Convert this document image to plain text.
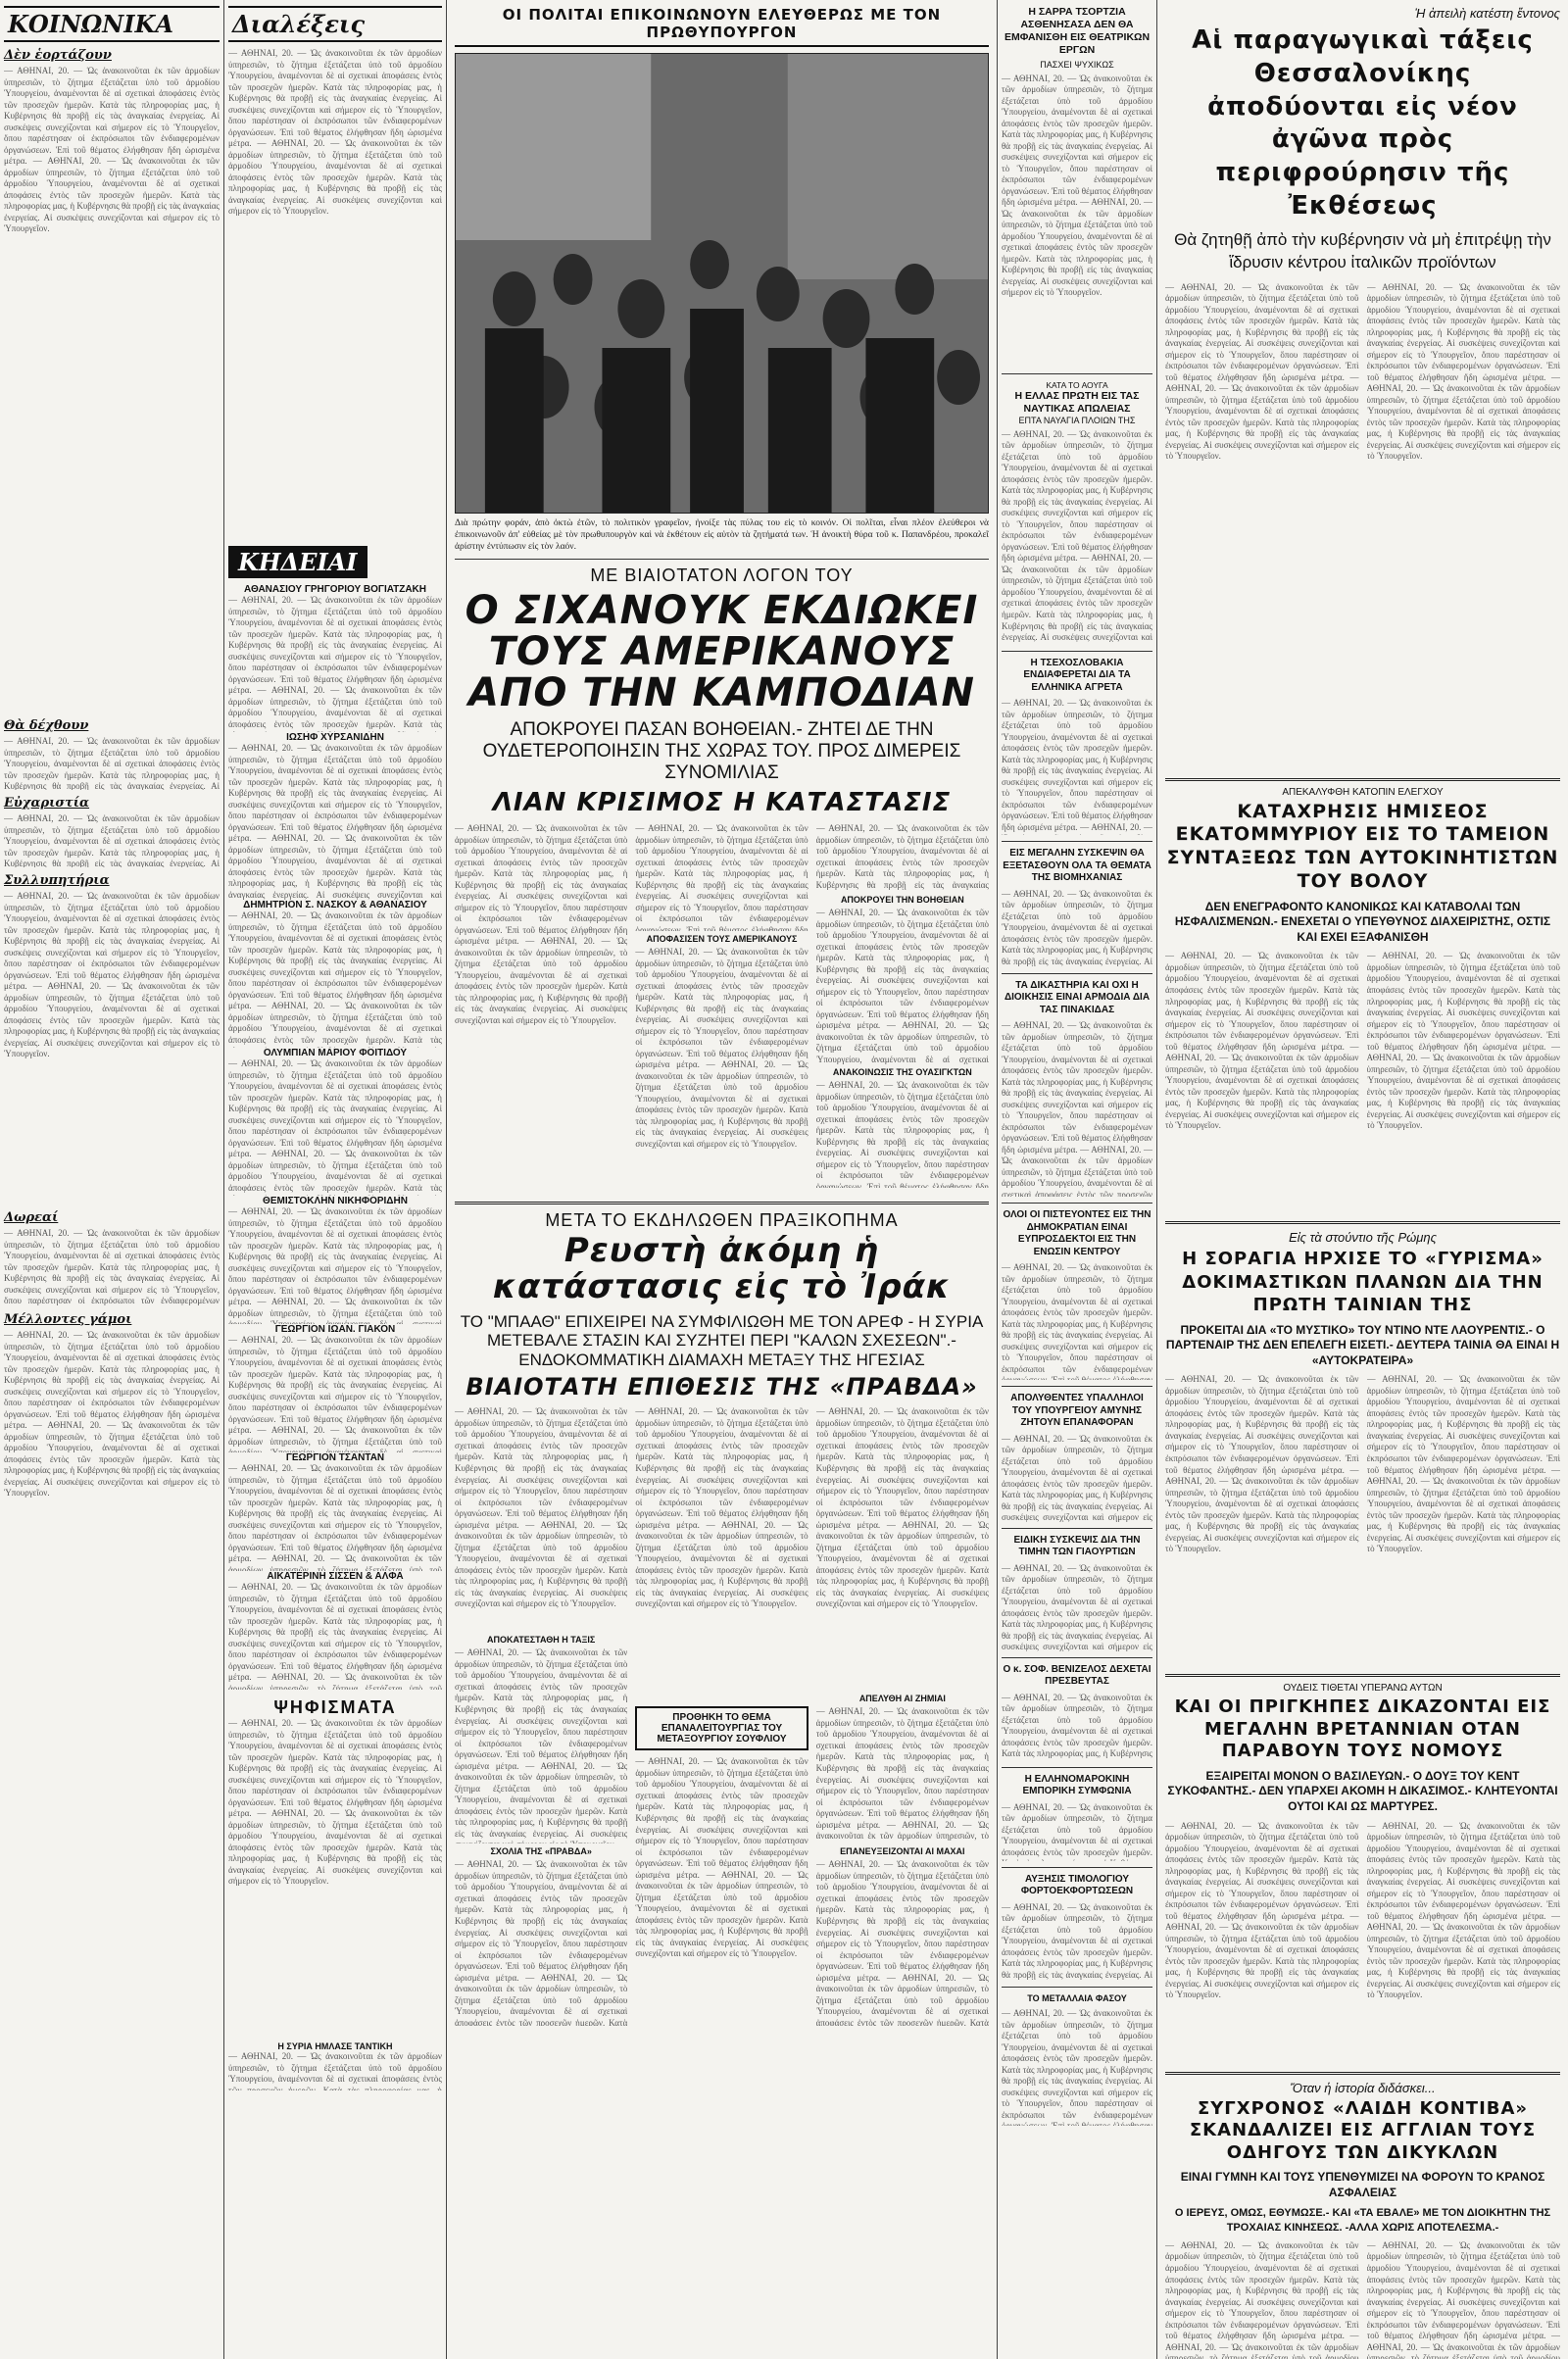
ΚΟΙΝΩΝΙΚΑ
Δὲν ἑορτάζουν
— ΑΘΗΝΑΙ, 20. — Ὡς ἀνακοινοῦται ἐκ τῶν ἁρμοδίων ὑπηρεσιῶν, τὸ ζήτημα ἐξετάζεται ὑπὸ τοῦ ἁρμοδίου Ὑπουργείου, ἀναμένονται δὲ αἱ σχετικαὶ ἀποφάσεις ἐντὸς τῶν προσεχῶν ἡμερῶν. Κατὰ τὰς πληροφορίας μας, ἡ Κυβέρνησις θὰ προβῇ εἰς τὰς ἀναγκαίας ἐνεργείας. Αἱ συσκέψεις συνεχίζονται καὶ σήμερον εἰς τὸ Ὑπουργεῖον, ὅπου παρέστησαν οἱ ἐκπρόσωποι τῶν ἐνδιαφερομένων ὀργανώσεων. Ἐπὶ τοῦ θέματος ἐλήφθησαν ἤδη ὡρισμένα μέτρα. — ΑΘΗΝΑΙ, 20. — Ὡς ἀνακοινοῦται ἐκ τῶν ἁρμοδίων ὑπηρεσιῶν, τὸ ζήτημα ἐξετάζεται ὑπὸ τοῦ ἁρμοδίου Ὑπουργείου, ἀναμένονται δὲ αἱ σχετικαὶ ἀποφάσεις ἐντὸς τῶν προσεχῶν ἡμερῶν. Κατὰ τὰς πληροφορίας μας, ἡ Κυβέρνησις θὰ προβῇ εἰς τὰς ἀναγκαίας ἐνεργείας. Αἱ συσκέψεις συνεχίζονται καὶ σήμερον εἰς τὸ Ὑπουργεῖον.
Θὰ δέχθουν
— ΑΘΗΝΑΙ, 20. — Ὡς ἀνακοινοῦται ἐκ τῶν ἁρμοδίων ὑπηρεσιῶν, τὸ ζήτημα ἐξετάζεται ὑπὸ τοῦ ἁρμοδίου Ὑπουργείου, ἀναμένονται δὲ αἱ σχετικαὶ ἀποφάσεις ἐντὸς τῶν προσεχῶν ἡμερῶν. Κατὰ τὰς πληροφορίας μας, ἡ Κυβέρνησις θὰ προβῇ εἰς τὰς ἀναγκαίας ἐνεργείας. Αἱ συσκέψεις συνεχίζονται καὶ σήμερον εἰς τὸ Ὑπουργεῖον, ὅπου παρέστησαν οἱ ἐκπρόσωποι τῶν ἐνδιαφερομένων ὀργανώσεων. Ἐπὶ τοῦ θέματος ἐλήφθησαν ἤδη ὡρισμένα μέτρα. — ΑΘΗΝΑΙ, 20. — Ὡς ἀνακοινοῦται ἐκ τῶν ἁρμοδίων ὑπηρεσιῶν, τὸ ζήτημα ἐξετάζεται ὑπὸ τοῦ ἁρμοδίου Ὑπουργείου, ἀναμένονται δὲ αἱ σχετικαὶ ἀποφάσεις ἐντὸς τῶν προσεχῶν ἡμερῶν. Κατὰ τὰς πληροφορίας μας, ἡ Κυβέρνησις θὰ προβῇ εἰς τὰς ἀναγκαίας ἐνεργείας. Αἱ συσκέψεις συνεχίζονται καὶ σήμερον εἰς τὸ Ὑπουργεῖον.
Εὐχαριστία
— ΑΘΗΝΑΙ, 20. — Ὡς ἀνακοινοῦται ἐκ τῶν ἁρμοδίων ὑπηρεσιῶν, τὸ ζήτημα ἐξετάζεται ὑπὸ τοῦ ἁρμοδίου Ὑπουργείου, ἀναμένονται δὲ αἱ σχετικαὶ ἀποφάσεις ἐντὸς τῶν προσεχῶν ἡμερῶν. Κατὰ τὰς πληροφορίας μας, ἡ Κυβέρνησις θὰ προβῇ εἰς τὰς ἀναγκαίας ἐνεργείας. Αἱ συσκέψεις συνεχίζονται καὶ σήμερον εἰς τὸ Ὑπουργεῖον, ὅπου παρέστησαν οἱ ἐκπρόσωποι τῶν ἐνδιαφερομένων ὀργανώσεων. Ἐπὶ τοῦ θέματος ἐλήφθησαν ἤδη ὡρισμένα μέτρα. — ΑΘΗΝΑΙ, 20. — Ὡς ἀνακοινοῦται ἐκ τῶν ἁρμοδίων ὑπηρεσιῶν, τὸ ζήτημα ἐξετάζεται ὑπὸ τοῦ ἁρμοδίου Ὑπουργείου, ἀναμένονται δὲ αἱ σχετικαὶ ἀποφάσεις ἐντὸς τῶν προσεχῶν ἡμερῶν. Κατὰ τὰς πληροφορίας μας, ἡ Κυβέρνησις θὰ προβῇ εἰς τὰς ἀναγκαίας ἐνεργείας. Αἱ συσκέψεις συνεχίζονται καὶ σήμερον εἰς τὸ Ὑπουργεῖον.
Συλλυπητήρια
— ΑΘΗΝΑΙ, 20. — Ὡς ἀνακοινοῦται ἐκ τῶν ἁρμοδίων ὑπηρεσιῶν, τὸ ζήτημα ἐξετάζεται ὑπὸ τοῦ ἁρμοδίου Ὑπουργείου, ἀναμένονται δὲ αἱ σχετικαὶ ἀποφάσεις ἐντὸς τῶν προσεχῶν ἡμερῶν. Κατὰ τὰς πληροφορίας μας, ἡ Κυβέρνησις θὰ προβῇ εἰς τὰς ἀναγκαίας ἐνεργείας. Αἱ συσκέψεις συνεχίζονται καὶ σήμερον εἰς τὸ Ὑπουργεῖον, ὅπου παρέστησαν οἱ ἐκπρόσωποι τῶν ἐνδιαφερομένων ὀργανώσεων. Ἐπὶ τοῦ θέματος ἐλήφθησαν ἤδη ὡρισμένα μέτρα. — ΑΘΗΝΑΙ, 20. — Ὡς ἀνακοινοῦται ἐκ τῶν ἁρμοδίων ὑπηρεσιῶν, τὸ ζήτημα ἐξετάζεται ὑπὸ τοῦ ἁρμοδίου Ὑπουργείου, ἀναμένονται δὲ αἱ σχετικαὶ ἀποφάσεις ἐντὸς τῶν προσεχῶν ἡμερῶν. Κατὰ τὰς πληροφορίας μας, ἡ Κυβέρνησις θὰ προβῇ εἰς τὰς ἀναγκαίας ἐνεργείας. Αἱ συσκέψεις συνεχίζονται καὶ σήμερον εἰς τὸ Ὑπουργεῖον.
Δωρεαί
— ΑΘΗΝΑΙ, 20. — Ὡς ἀνακοινοῦται ἐκ τῶν ἁρμοδίων ὑπηρεσιῶν, τὸ ζήτημα ἐξετάζεται ὑπὸ τοῦ ἁρμοδίου Ὑπουργείου, ἀναμένονται δὲ αἱ σχετικαὶ ἀποφάσεις ἐντὸς τῶν προσεχῶν ἡμερῶν. Κατὰ τὰς πληροφορίας μας, ἡ Κυβέρνησις θὰ προβῇ εἰς τὰς ἀναγκαίας ἐνεργείας. Αἱ συσκέψεις συνεχίζονται καὶ σήμερον εἰς τὸ Ὑπουργεῖον, ὅπου παρέστησαν οἱ ἐκπρόσωποι τῶν ἐνδιαφερομένων ὀργανώσεων. Ἐπὶ τοῦ θέματος ἐλήφθησαν ἤδη ὡρισμένα μέτρα. — ΑΘΗΝΑΙ, 20. — Ὡς ἀνακοινοῦται ἐκ τῶν ἁρμοδίων ὑπηρεσιῶν, τὸ ζήτημα ἐξετάζεται ὑπὸ τοῦ ἁρμοδίου Ὑπουργείου, ἀναμένονται δὲ αἱ σχετικαὶ ἀποφάσεις ἐντὸς τῶν προσεχῶν ἡμερῶν. Κατὰ τὰς πληροφορίας μας, ἡ Κυβέρνησις θὰ προβῇ εἰς τὰς ἀναγκαίας ἐνεργείας. Αἱ συσκέψεις συνεχίζονται καὶ σήμερον εἰς τὸ Ὑπουργεῖον.
Μέλλοντες γάμοι
— ΑΘΗΝΑΙ, 20. — Ὡς ἀνακοινοῦται ἐκ τῶν ἁρμοδίων ὑπηρεσιῶν, τὸ ζήτημα ἐξετάζεται ὑπὸ τοῦ ἁρμοδίου Ὑπουργείου, ἀναμένονται δὲ αἱ σχετικαὶ ἀποφάσεις ἐντὸς τῶν προσεχῶν ἡμερῶν. Κατὰ τὰς πληροφορίας μας, ἡ Κυβέρνησις θὰ προβῇ εἰς τὰς ἀναγκαίας ἐνεργείας. Αἱ συσκέψεις συνεχίζονται καὶ σήμερον εἰς τὸ Ὑπουργεῖον, ὅπου παρέστησαν οἱ ἐκπρόσωποι τῶν ἐνδιαφερομένων ὀργανώσεων. Ἐπὶ τοῦ θέματος ἐλήφθησαν ἤδη ὡρισμένα μέτρα. — ΑΘΗΝΑΙ, 20. — Ὡς ἀνακοινοῦται ἐκ τῶν ἁρμοδίων ὑπηρεσιῶν, τὸ ζήτημα ἐξετάζεται ὑπὸ τοῦ ἁρμοδίου Ὑπουργείου, ἀναμένονται δὲ αἱ σχετικαὶ ἀποφάσεις ἐντὸς τῶν προσεχῶν ἡμερῶν. Κατὰ τὰς πληροφορίας μας, ἡ Κυβέρνησις θὰ προβῇ εἰς τὰς ἀναγκαίας ἐνεργείας. Αἱ συσκέψεις συνεχίζονται καὶ σήμερον εἰς τὸ Ὑπουργεῖον.
Διαλέξεις
— ΑΘΗΝΑΙ, 20. — Ὡς ἀνακοινοῦται ἐκ τῶν ἁρμοδίων ὑπηρεσιῶν, τὸ ζήτημα ἐξετάζεται ὑπὸ τοῦ ἁρμοδίου Ὑπουργείου, ἀναμένονται δὲ αἱ σχετικαὶ ἀποφάσεις ἐντὸς τῶν προσεχῶν ἡμερῶν. Κατὰ τὰς πληροφορίας μας, ἡ Κυβέρνησις θὰ προβῇ εἰς τὰς ἀναγκαίας ἐνεργείας. Αἱ συσκέψεις συνεχίζονται καὶ σήμερον εἰς τὸ Ὑπουργεῖον, ὅπου παρέστησαν οἱ ἐκπρόσωποι τῶν ἐνδιαφερομένων ὀργανώσεων. Ἐπὶ τοῦ θέματος ἐλήφθησαν ἤδη ὡρισμένα μέτρα. — ΑΘΗΝΑΙ, 20. — Ὡς ἀνακοινοῦται ἐκ τῶν ἁρμοδίων ὑπηρεσιῶν, τὸ ζήτημα ἐξετάζεται ὑπὸ τοῦ ἁρμοδίου Ὑπουργείου, ἀναμένονται δὲ αἱ σχετικαὶ ἀποφάσεις ἐντὸς τῶν προσεχῶν ἡμερῶν. Κατὰ τὰς πληροφορίας μας, ἡ Κυβέρνησις θὰ προβῇ εἰς τὰς ἀναγκαίας ἐνεργείας. Αἱ συσκέψεις συνεχίζονται καὶ σήμερον εἰς τὸ Ὑπουργεῖον.
ΚΗΔΕΙΑΙ

ΑΘΑΝΑΣΙΟΥ ΓΡΗΓΟΡΙΟΥ ΒΟΓΙΑΤΖΑΚΗ

— ΑΘΗΝΑΙ, 20. — Ὡς ἀνακοινοῦται ἐκ τῶν ἁρμοδίων ὑπηρεσιῶν, τὸ ζήτημα ἐξετάζεται ὑπὸ τοῦ ἁρμοδίου Ὑπουργείου, ἀναμένονται δὲ αἱ σχετικαὶ ἀποφάσεις ἐντὸς τῶν προσεχῶν ἡμερῶν. Κατὰ τὰς πληροφορίας μας, ἡ Κυβέρνησις θὰ προβῇ εἰς τὰς ἀναγκαίας ἐνεργείας. Αἱ συσκέψεις συνεχίζονται καὶ σήμερον εἰς τὸ Ὑπουργεῖον, ὅπου παρέστησαν οἱ ἐκπρόσωποι τῶν ἐνδιαφερομένων ὀργανώσεων. Ἐπὶ τοῦ θέματος ἐλήφθησαν ἤδη ὡρισμένα μέτρα. — ΑΘΗΝΑΙ, 20. — Ὡς ἀνακοινοῦται ἐκ τῶν ἁρμοδίων ὑπηρεσιῶν, τὸ ζήτημα ἐξετάζεται ὑπὸ τοῦ ἁρμοδίου Ὑπουργείου, ἀναμένονται δὲ αἱ σχετικαὶ ἀποφάσεις ἐντὸς τῶν προσεχῶν ἡμερῶν. Κατὰ τὰς πληροφορίας μας, ἡ Κυβέρνησις θὰ προβῇ εἰς τὰς ἀναγκαίας ἐνεργείας. Αἱ συσκέψεις συνεχίζονται καὶ σήμερον εἰς τὸ Ὑπουργεῖον.

ΙΩΣΗΦ ΧΥΡΣΑΝΙΔΗΝ

— ΑΘΗΝΑΙ, 20. — Ὡς ἀνακοινοῦται ἐκ τῶν ἁρμοδίων ὑπηρεσιῶν, τὸ ζήτημα ἐξετάζεται ὑπὸ τοῦ ἁρμοδίου Ὑπουργείου, ἀναμένονται δὲ αἱ σχετικαὶ ἀποφάσεις ἐντὸς τῶν προσεχῶν ἡμερῶν. Κατὰ τὰς πληροφορίας μας, ἡ Κυβέρνησις θὰ προβῇ εἰς τὰς ἀναγκαίας ἐνεργείας. Αἱ συσκέψεις συνεχίζονται καὶ σήμερον εἰς τὸ Ὑπουργεῖον, ὅπου παρέστησαν οἱ ἐκπρόσωποι τῶν ἐνδιαφερομένων ὀργανώσεων. Ἐπὶ τοῦ θέματος ἐλήφθησαν ἤδη ὡρισμένα μέτρα. — ΑΘΗΝΑΙ, 20. — Ὡς ἀνακοινοῦται ἐκ τῶν ἁρμοδίων ὑπηρεσιῶν, τὸ ζήτημα ἐξετάζεται ὑπὸ τοῦ ἁρμοδίου Ὑπουργείου, ἀναμένονται δὲ αἱ σχετικαὶ ἀποφάσεις ἐντὸς τῶν προσεχῶν ἡμερῶν. Κατὰ τὰς πληροφορίας μας, ἡ Κυβέρνησις θὰ προβῇ εἰς τὰς ἀναγκαίας ἐνεργείας. Αἱ συσκέψεις συνεχίζονται καὶ σήμερον εἰς τὸ Ὑπουργεῖον.

ΔΗΜΗΤΡΙΟΝ Σ. ΝΑΣΚΟΥ & ΑΘΑΝΑΣΙΟΥ

— ΑΘΗΝΑΙ, 20. — Ὡς ἀνακοινοῦται ἐκ τῶν ἁρμοδίων ὑπηρεσιῶν, τὸ ζήτημα ἐξετάζεται ὑπὸ τοῦ ἁρμοδίου Ὑπουργείου, ἀναμένονται δὲ αἱ σχετικαὶ ἀποφάσεις ἐντὸς τῶν προσεχῶν ἡμερῶν. Κατὰ τὰς πληροφορίας μας, ἡ Κυβέρνησις θὰ προβῇ εἰς τὰς ἀναγκαίας ἐνεργείας. Αἱ συσκέψεις συνεχίζονται καὶ σήμερον εἰς τὸ Ὑπουργεῖον, ὅπου παρέστησαν οἱ ἐκπρόσωποι τῶν ἐνδιαφερομένων ὀργανώσεων. Ἐπὶ τοῦ θέματος ἐλήφθησαν ἤδη ὡρισμένα μέτρα. — ΑΘΗΝΑΙ, 20. — Ὡς ἀνακοινοῦται ἐκ τῶν ἁρμοδίων ὑπηρεσιῶν, τὸ ζήτημα ἐξετάζεται ὑπὸ τοῦ ἁρμοδίου Ὑπουργείου, ἀναμένονται δὲ αἱ σχετικαὶ ἀποφάσεις ἐντὸς τῶν προσεχῶν ἡμερῶν. Κατὰ τὰς πληροφορίας μας, ἡ Κυβέρνησις θὰ προβῇ εἰς τὰς ἀναγκαίας ἐνεργείας. Αἱ συσκέψεις συνεχίζονται καὶ σήμερον εἰς τὸ Ὑπουργεῖον.

ΟΛΥΜΠΙΑΝ ΜΑΡΙΟΥ ΦΟΙΤΙΔΟΥ

— ΑΘΗΝΑΙ, 20. — Ὡς ἀνακοινοῦται ἐκ τῶν ἁρμοδίων ὑπηρεσιῶν, τὸ ζήτημα ἐξετάζεται ὑπὸ τοῦ ἁρμοδίου Ὑπουργείου, ἀναμένονται δὲ αἱ σχετικαὶ ἀποφάσεις ἐντὸς τῶν προσεχῶν ἡμερῶν. Κατὰ τὰς πληροφορίας μας, ἡ Κυβέρνησις θὰ προβῇ εἰς τὰς ἀναγκαίας ἐνεργείας. Αἱ συσκέψεις συνεχίζονται καὶ σήμερον εἰς τὸ Ὑπουργεῖον, ὅπου παρέστησαν οἱ ἐκπρόσωποι τῶν ἐνδιαφερομένων ὀργανώσεων. Ἐπὶ τοῦ θέματος ἐλήφθησαν ἤδη ὡρισμένα μέτρα. — ΑΘΗΝΑΙ, 20. — Ὡς ἀνακοινοῦται ἐκ τῶν ἁρμοδίων ὑπηρεσιῶν, τὸ ζήτημα ἐξετάζεται ὑπὸ τοῦ ἁρμοδίου Ὑπουργείου, ἀναμένονται δὲ αἱ σχετικαὶ ἀποφάσεις ἐντὸς τῶν προσεχῶν ἡμερῶν. Κατὰ τὰς πληροφορίας μας, ἡ Κυβέρνησις θὰ προβῇ εἰς τὰς ἀναγκαίας ἐνεργείας. Αἱ συσκέψεις συνεχίζονται καὶ σήμερον εἰς τὸ Ὑπουργεῖον.

ΘΕΜΙΣΤΟΚΛΗΝ ΝΙΚΗΦΟΡΙΔΗΝ

— ΑΘΗΝΑΙ, 20. — Ὡς ἀνακοινοῦται ἐκ τῶν ἁρμοδίων ὑπηρεσιῶν, τὸ ζήτημα ἐξετάζεται ὑπὸ τοῦ ἁρμοδίου Ὑπουργείου, ἀναμένονται δὲ αἱ σχετικαὶ ἀποφάσεις ἐντὸς τῶν προσεχῶν ἡμερῶν. Κατὰ τὰς πληροφορίας μας, ἡ Κυβέρνησις θὰ προβῇ εἰς τὰς ἀναγκαίας ἐνεργείας. Αἱ συσκέψεις συνεχίζονται καὶ σήμερον εἰς τὸ Ὑπουργεῖον, ὅπου παρέστησαν οἱ ἐκπρόσωποι τῶν ἐνδιαφερομένων ὀργανώσεων. Ἐπὶ τοῦ θέματος ἐλήφθησαν ἤδη ὡρισμένα μέτρα. — ΑΘΗΝΑΙ, 20. — Ὡς ἀνακοινοῦται ἐκ τῶν ἁρμοδίων ὑπηρεσιῶν, τὸ ζήτημα ἐξετάζεται ὑπὸ τοῦ ἁρμοδίου Ὑπουργείου, ἀναμένονται δὲ αἱ σχετικαὶ ἀποφάσεις ἐντὸς τῶν προσεχῶν ἡμερῶν. Κατὰ τὰς πληροφορίας μας, ἡ Κυβέρνησις θὰ προβῇ εἰς τὰς ἀναγκαίας ἐνεργείας. Αἱ συσκέψεις συνεχίζονται καὶ σήμερον εἰς τὸ Ὑπουργεῖον.

ΓΕΩΡΓΙΟΝ ΙΩΑΝ. ΓΙΑΚΟΝ

— ΑΘΗΝΑΙ, 20. — Ὡς ἀνακοινοῦται ἐκ τῶν ἁρμοδίων ὑπηρεσιῶν, τὸ ζήτημα ἐξετάζεται ὑπὸ τοῦ ἁρμοδίου Ὑπουργείου, ἀναμένονται δὲ αἱ σχετικαὶ ἀποφάσεις ἐντὸς τῶν προσεχῶν ἡμερῶν. Κατὰ τὰς πληροφορίας μας, ἡ Κυβέρνησις θὰ προβῇ εἰς τὰς ἀναγκαίας ἐνεργείας. Αἱ συσκέψεις συνεχίζονται καὶ σήμερον εἰς τὸ Ὑπουργεῖον, ὅπου παρέστησαν οἱ ἐκπρόσωποι τῶν ἐνδιαφερομένων ὀργανώσεων. Ἐπὶ τοῦ θέματος ἐλήφθησαν ἤδη ὡρισμένα μέτρα. — ΑΘΗΝΑΙ, 20. — Ὡς ἀνακοινοῦται ἐκ τῶν ἁρμοδίων ὑπηρεσιῶν, τὸ ζήτημα ἐξετάζεται ὑπὸ τοῦ ἁρμοδίου Ὑπουργείου, ἀναμένονται δὲ αἱ σχετικαὶ ἀποφάσεις ἐντὸς τῶν προσεχῶν ἡμερῶν. Κατὰ τὰς πληροφορίας μας, ἡ Κυβέρνησις θὰ προβῇ εἰς τὰς ἀναγκαίας ἐνεργείας. Αἱ συσκέψεις συνεχίζονται καὶ σήμερον εἰς τὸ Ὑπουργεῖον.

ΓΕΩΡΓΙΟΝ ΤΣΑΝΤΑΝ

— ΑΘΗΝΑΙ, 20. — Ὡς ἀνακοινοῦται ἐκ τῶν ἁρμοδίων ὑπηρεσιῶν, τὸ ζήτημα ἐξετάζεται ὑπὸ τοῦ ἁρμοδίου Ὑπουργείου, ἀναμένονται δὲ αἱ σχετικαὶ ἀποφάσεις ἐντὸς τῶν προσεχῶν ἡμερῶν. Κατὰ τὰς πληροφορίας μας, ἡ Κυβέρνησις θὰ προβῇ εἰς τὰς ἀναγκαίας ἐνεργείας. Αἱ συσκέψεις συνεχίζονται καὶ σήμερον εἰς τὸ Ὑπουργεῖον, ὅπου παρέστησαν οἱ ἐκπρόσωποι τῶν ἐνδιαφερομένων ὀργανώσεων. Ἐπὶ τοῦ θέματος ἐλήφθησαν ἤδη ὡρισμένα μέτρα. — ΑΘΗΝΑΙ, 20. — Ὡς ἀνακοινοῦται ἐκ τῶν ἁρμοδίων ὑπηρεσιῶν, τὸ ζήτημα ἐξετάζεται ὑπὸ τοῦ ἁρμοδίου Ὑπουργείου, ἀναμένονται δὲ αἱ σχετικαὶ ἀποφάσεις ἐντὸς τῶν προσεχῶν ἡμερῶν. Κατὰ τὰς πληροφορίας μας, ἡ Κυβέρνησις θὰ προβῇ εἰς τὰς ἀναγκαίας ἐνεργείας. Αἱ συσκέψεις συνεχίζονται καὶ σήμερον εἰς τὸ Ὑπουργεῖον.

ΑΙΚΑΤΕΡΙΝΗ ΣΙΣΣΕΝ & ΑΛΦΑ

— ΑΘΗΝΑΙ, 20. — Ὡς ἀνακοινοῦται ἐκ τῶν ἁρμοδίων ὑπηρεσιῶν, τὸ ζήτημα ἐξετάζεται ὑπὸ τοῦ ἁρμοδίου Ὑπουργείου, ἀναμένονται δὲ αἱ σχετικαὶ ἀποφάσεις ἐντὸς τῶν προσεχῶν ἡμερῶν. Κατὰ τὰς πληροφορίας μας, ἡ Κυβέρνησις θὰ προβῇ εἰς τὰς ἀναγκαίας ἐνεργείας. Αἱ συσκέψεις συνεχίζονται καὶ σήμερον εἰς τὸ Ὑπουργεῖον, ὅπου παρέστησαν οἱ ἐκπρόσωποι τῶν ἐνδιαφερομένων ὀργανώσεων. Ἐπὶ τοῦ θέματος ἐλήφθησαν ἤδη ὡρισμένα μέτρα. — ΑΘΗΝΑΙ, 20. — Ὡς ἀνακοινοῦται ἐκ τῶν ἁρμοδίων ὑπηρεσιῶν, τὸ ζήτημα ἐξετάζεται ὑπὸ τοῦ ἁρμοδίου Ὑπουργείου, ἀναμένονται δὲ αἱ σχετικαὶ ἀποφάσεις ἐντὸς τῶν προσεχῶν ἡμερῶν. Κατὰ τὰς πληροφορίας μας, ἡ Κυβέρνησις θὰ προβῇ εἰς τὰς ἀναγκαίας ἐνεργείας. Αἱ συσκέψεις συνεχίζονται καὶ σήμερον εἰς τὸ Ὑπουργεῖον.

ΨΗΦΙΣΜΑΤΑ

— ΑΘΗΝΑΙ, 20. — Ὡς ἀνακοινοῦται ἐκ τῶν ἁρμοδίων ὑπηρεσιῶν, τὸ ζήτημα ἐξετάζεται ὑπὸ τοῦ ἁρμοδίου Ὑπουργείου, ἀναμένονται δὲ αἱ σχετικαὶ ἀποφάσεις ἐντὸς τῶν προσεχῶν ἡμερῶν. Κατὰ τὰς πληροφορίας μας, ἡ Κυβέρνησις θὰ προβῇ εἰς τὰς ἀναγκαίας ἐνεργείας. Αἱ συσκέψεις συνεχίζονται καὶ σήμερον εἰς τὸ Ὑπουργεῖον, ὅπου παρέστησαν οἱ ἐκπρόσωποι τῶν ἐνδιαφερομένων ὀργανώσεων. Ἐπὶ τοῦ θέματος ἐλήφθησαν ἤδη ὡρισμένα μέτρα. — ΑΘΗΝΑΙ, 20. — Ὡς ἀνακοινοῦται ἐκ τῶν ἁρμοδίων ὑπηρεσιῶν, τὸ ζήτημα ἐξετάζεται ὑπὸ τοῦ ἁρμοδίου Ὑπουργείου, ἀναμένονται δὲ αἱ σχετικαὶ ἀποφάσεις ἐντὸς τῶν προσεχῶν ἡμερῶν. Κατὰ τὰς πληροφορίας μας, ἡ Κυβέρνησις θὰ προβῇ εἰς τὰς ἀναγκαίας ἐνεργείας. Αἱ συσκέψεις συνεχίζονται καὶ σήμερον εἰς τὸ Ὑπουργεῖον.

Η ΣΥΡΙΑ ΗΜΛΑΣΕ ΤΑΝΤΙΚΗ

— ΑΘΗΝΑΙ, 20. — Ὡς ἀνακοινοῦται ἐκ τῶν ἁρμοδίων ὑπηρεσιῶν, τὸ ζήτημα ἐξετάζεται ὑπὸ τοῦ ἁρμοδίου Ὑπουργείου, ἀναμένονται δὲ αἱ σχετικαὶ ἀποφάσεις ἐντὸς τῶν προσεχῶν ἡμερῶν. Κατὰ τὰς πληροφορίας μας, ἡ Κυβέρνησις θὰ προβῇ εἰς τὰς ἀναγκαίας ἐνεργείας. Αἱ συσκέψεις συνεχίζονται καὶ σήμερον εἰς τὸ Ὑπουργεῖον, ὅπου παρέστησαν οἱ ἐκπρόσωποι τῶν ἐνδιαφερομένων ὀργανώσεων. Ἐπὶ τοῦ θέματος ἐλήφθησαν ἤδη ὡρισμένα μέτρα. — ΑΘΗΝΑΙ, 20. — Ὡς ἀνακοινοῦται ἐκ τῶν ἁρμοδίων ὑπηρεσιῶν, τὸ ζήτημα ἐξετάζεται ὑπὸ τοῦ ἁρμοδίου Ὑπουργείου, ἀναμένονται δὲ αἱ σχετικαὶ ἀποφάσεις ἐντὸς τῶν προσεχῶν ἡμερῶν. Κατὰ τὰς πληροφορίας μας, ἡ Κυβέρνησις θὰ προβῇ εἰς τὰς ἀναγκαίας ἐνεργείας. Αἱ συσκέψεις συνεχίζονται καὶ σήμερον εἰς τὸ Ὑπουργεῖον.

ΟΙ ΠΟΛΙΤΑΙ ΕΠΙΚΟΙΝΩΝΟΥΝ ΕΛΕΥΘΕΡΩΣ ΜΕ ΤΟΝ ΠΡΩΘΥΠΟΥΡΓΟΝ

Διὰ πρώτην φοράν, ἀπὸ ὀκτὼ ἐτῶν, τὸ πολιτικὸν γραφεῖον, ἠνοίξε τὰς πύλας του εἰς τὸ κοινόν. Οἱ πολῖται, εἶναι πλέον ἐλεύθεροι νὰ ἐπικοινωνοῦν ἀπ' εὐθείας μὲ τὸν πρωθυπουργὸν καὶ νὰ ἐκθέτουν εἰς αὐτὸν τὰ ζητήματά των. Ἡ ἀνοικτὴ θύρα τοῦ κ. Παπανδρέου, προκαλεῖ ἀρίστην ἐντύπωσιν εἰς τὸν λαόν.

ΜΕ ΒΙΑΙΟΤΑΤΟΝ ΛΟΓΟΝ ΤΟΥ

Ο ΣΙΧΑΝΟΥΚ ΕΚΔΙΩΚΕΙ ΤΟΥΣ ΑΜΕΡΙΚΑΝΟΥΣ ΑΠΟ ΤΗΝ ΚΑΜΠΟΔΙΑΝ

ΑΠΟΚΡΟΥΕΙ ΠΑΣΑΝ ΒΟΗΘΕΙΑΝ.- ΖΗΤΕΙ ΔΕ ΤΗΝ ΟΥΔΕΤΕΡΟΠΟΙΗΣΙΝ ΤΗΣ ΧΩΡΑΣ ΤΟΥ. ΠΡΟΣ ΔΙΜΕΡΕΙΣ ΣΥΝΟΜΙΛΙΑΣ

ΛΙΑΝ ΚΡΙΣΙΜΟΣ Η ΚΑΤΑΣΤΑΣΙΣ

— ΑΘΗΝΑΙ, 20. — Ὡς ἀνακοινοῦται ἐκ τῶν ἁρμοδίων ὑπηρεσιῶν, τὸ ζήτημα ἐξετάζεται ὑπὸ τοῦ ἁρμοδίου Ὑπουργείου, ἀναμένονται δὲ αἱ σχετικαὶ ἀποφάσεις ἐντὸς τῶν προσεχῶν ἡμερῶν. Κατὰ τὰς πληροφορίας μας, ἡ Κυβέρνησις θὰ προβῇ εἰς τὰς ἀναγκαίας ἐνεργείας. Αἱ συσκέψεις συνεχίζονται καὶ σήμερον εἰς τὸ Ὑπουργεῖον, ὅπου παρέστησαν οἱ ἐκπρόσωποι τῶν ἐνδιαφερομένων ὀργανώσεων. Ἐπὶ τοῦ θέματος ἐλήφθησαν ἤδη ὡρισμένα μέτρα. — ΑΘΗΝΑΙ, 20. — Ὡς ἀνακοινοῦται ἐκ τῶν ἁρμοδίων ὑπηρεσιῶν, τὸ ζήτημα ἐξετάζεται ὑπὸ τοῦ ἁρμοδίου Ὑπουργείου, ἀναμένονται δὲ αἱ σχετικαὶ ἀποφάσεις ἐντὸς τῶν προσεχῶν ἡμερῶν. Κατὰ τὰς πληροφορίας μας, ἡ Κυβέρνησις θὰ προβῇ εἰς τὰς ἀναγκαίας ἐνεργείας. Αἱ συσκέψεις συνεχίζονται καὶ σήμερον εἰς τὸ Ὑπουργεῖον.
— ΑΘΗΝΑΙ, 20. — Ὡς ἀνακοινοῦται ἐκ τῶν ἁρμοδίων ὑπηρεσιῶν, τὸ ζήτημα ἐξετάζεται ὑπὸ τοῦ ἁρμοδίου Ὑπουργείου, ἀναμένονται δὲ αἱ σχετικαὶ ἀποφάσεις ἐντὸς τῶν προσεχῶν ἡμερῶν. Κατὰ τὰς πληροφορίας μας, ἡ Κυβέρνησις θὰ προβῇ εἰς τὰς ἀναγκαίας ἐνεργείας. Αἱ συσκέψεις συνεχίζονται καὶ σήμερον εἰς τὸ Ὑπουργεῖον, ὅπου παρέστησαν οἱ ἐκπρόσωποι τῶν ἐνδιαφερομένων ὀργανώσεων. Ἐπὶ τοῦ θέματος ἐλήφθησαν ἤδη ὡρισμένα μέτρα. — ΑΘΗΝΑΙ, 20. — Ὡς ἀνακοινοῦται ἐκ τῶν ἁρμοδίων ὑπηρεσιῶν, τὸ ζήτημα ἐξετάζεται ὑπὸ τοῦ ἁρμοδίου Ὑπουργείου, ἀναμένονται δὲ αἱ σχετικαὶ ἀποφάσεις ἐντὸς τῶν προσεχῶν ἡμερῶν. Κατὰ τὰς πληροφορίας μας, ἡ Κυβέρνησις θὰ προβῇ εἰς τὰς ἀναγκαίας ἐνεργείας. Αἱ συσκέψεις συνεχίζονται καὶ σήμερον εἰς τὸ Ὑπουργεῖον.

ΑΠΟΦΑΣΙΣΕΝ ΤΟΥΣ ΑΜΕΡΙΚΑΝΟΥΣ

— ΑΘΗΝΑΙ, 20. — Ὡς ἀνακοινοῦται ἐκ τῶν ἁρμοδίων ὑπηρεσιῶν, τὸ ζήτημα ἐξετάζεται ὑπὸ τοῦ ἁρμοδίου Ὑπουργείου, ἀναμένονται δὲ αἱ σχετικαὶ ἀποφάσεις ἐντὸς τῶν προσεχῶν ἡμερῶν. Κατὰ τὰς πληροφορίας μας, ἡ Κυβέρνησις θὰ προβῇ εἰς τὰς ἀναγκαίας ἐνεργείας. Αἱ συσκέψεις συνεχίζονται καὶ σήμερον εἰς τὸ Ὑπουργεῖον, ὅπου παρέστησαν οἱ ἐκπρόσωποι τῶν ἐνδιαφερομένων ὀργανώσεων. Ἐπὶ τοῦ θέματος ἐλήφθησαν ἤδη ὡρισμένα μέτρα. — ΑΘΗΝΑΙ, 20. — Ὡς ἀνακοινοῦται ἐκ τῶν ἁρμοδίων ὑπηρεσιῶν, τὸ ζήτημα ἐξετάζεται ὑπὸ τοῦ ἁρμοδίου Ὑπουργείου, ἀναμένονται δὲ αἱ σχετικαὶ ἀποφάσεις ἐντὸς τῶν προσεχῶν ἡμερῶν. Κατὰ τὰς πληροφορίας μας, ἡ Κυβέρνησις θὰ προβῇ εἰς τὰς ἀναγκαίας ἐνεργείας. Αἱ συσκέψεις συνεχίζονται καὶ σήμερον εἰς τὸ Ὑπουργεῖον.
— ΑΘΗΝΑΙ, 20. — Ὡς ἀνακοινοῦται ἐκ τῶν ἁρμοδίων ὑπηρεσιῶν, τὸ ζήτημα ἐξετάζεται ὑπὸ τοῦ ἁρμοδίου Ὑπουργείου, ἀναμένονται δὲ αἱ σχετικαὶ ἀποφάσεις ἐντὸς τῶν προσεχῶν ἡμερῶν. Κατὰ τὰς πληροφορίας μας, ἡ Κυβέρνησις θὰ προβῇ εἰς τὰς ἀναγκαίας ἐνεργείας. Αἱ συσκέψεις συνεχίζονται καὶ σήμερον εἰς τὸ Ὑπουργεῖον, ὅπου παρέστησαν οἱ ἐκπρόσωποι τῶν ἐνδιαφερομένων ὀργανώσεων. Ἐπὶ τοῦ θέματος ἐλήφθησαν ἤδη ὡρισμένα μέτρα. — ΑΘΗΝΑΙ, 20. — Ὡς ἀνακοινοῦται ἐκ τῶν ἁρμοδίων ὑπηρεσιῶν, τὸ ζήτημα ἐξετάζεται ὑπὸ τοῦ ἁρμοδίου Ὑπουργείου, ἀναμένονται δὲ αἱ σχετικαὶ ἀποφάσεις ἐντὸς τῶν προσεχῶν ἡμερῶν. Κατὰ τὰς πληροφορίας μας, ἡ Κυβέρνησις θὰ προβῇ εἰς τὰς ἀναγκαίας ἐνεργείας. Αἱ συσκέψεις συνεχίζονται καὶ σήμερον εἰς τὸ Ὑπουργεῖον.

ΑΠΟΚΡΟΥΕΙ ΤΗΝ ΒΟΗΘΕΙΑΝ

— ΑΘΗΝΑΙ, 20. — Ὡς ἀνακοινοῦται ἐκ τῶν ἁρμοδίων ὑπηρεσιῶν, τὸ ζήτημα ἐξετάζεται ὑπὸ τοῦ ἁρμοδίου Ὑπουργείου, ἀναμένονται δὲ αἱ σχετικαὶ ἀποφάσεις ἐντὸς τῶν προσεχῶν ἡμερῶν. Κατὰ τὰς πληροφορίας μας, ἡ Κυβέρνησις θὰ προβῇ εἰς τὰς ἀναγκαίας ἐνεργείας. Αἱ συσκέψεις συνεχίζονται καὶ σήμερον εἰς τὸ Ὑπουργεῖον, ὅπου παρέστησαν οἱ ἐκπρόσωποι τῶν ἐνδιαφερομένων ὀργανώσεων. Ἐπὶ τοῦ θέματος ἐλήφθησαν ἤδη ὡρισμένα μέτρα. — ΑΘΗΝΑΙ, 20. — Ὡς ἀνακοινοῦται ἐκ τῶν ἁρμοδίων ὑπηρεσιῶν, τὸ ζήτημα ἐξετάζεται ὑπὸ τοῦ ἁρμοδίου Ὑπουργείου, ἀναμένονται δὲ αἱ σχετικαὶ ἀποφάσεις ἐντὸς τῶν προσεχῶν ἡμερῶν. Κατὰ τὰς πληροφορίας μας, ἡ Κυβέρνησις θὰ προβῇ εἰς τὰς ἀναγκαίας ἐνεργείας. Αἱ συσκέψεις συνεχίζονται καὶ σήμερον εἰς τὸ Ὑπουργεῖον.

ΑΝΑΚΟΙΝΩΣΙΣ ΤΗΣ ΟΥΑΣΙΓΚΤΩΝ

— ΑΘΗΝΑΙ, 20. — Ὡς ἀνακοινοῦται ἐκ τῶν ἁρμοδίων ὑπηρεσιῶν, τὸ ζήτημα ἐξετάζεται ὑπὸ τοῦ ἁρμοδίου Ὑπουργείου, ἀναμένονται δὲ αἱ σχετικαὶ ἀποφάσεις ἐντὸς τῶν προσεχῶν ἡμερῶν. Κατὰ τὰς πληροφορίας μας, ἡ Κυβέρνησις θὰ προβῇ εἰς τὰς ἀναγκαίας ἐνεργείας. Αἱ συσκέψεις συνεχίζονται καὶ σήμερον εἰς τὸ Ὑπουργεῖον, ὅπου παρέστησαν οἱ ἐκπρόσωποι τῶν ἐνδιαφερομένων ὀργανώσεων. Ἐπὶ τοῦ θέματος ἐλήφθησαν ἤδη ὡρισμένα μέτρα. — ΑΘΗΝΑΙ, 20. — Ὡς ἀνακοινοῦται ἐκ τῶν ἁρμοδίων ὑπηρεσιῶν, τὸ ζήτημα ἐξετάζεται ὑπὸ τοῦ ἁρμοδίου Ὑπουργείου, ἀναμένονται δὲ αἱ σχετικαὶ ἀποφάσεις ἐντὸς τῶν προσεχῶν ἡμερῶν. Κατὰ τὰς πληροφορίας μας, ἡ Κυβέρνησις θὰ προβῇ εἰς τὰς ἀναγκαίας ἐνεργείας. Αἱ συσκέψεις συνεχίζονται καὶ σήμερον εἰς τὸ Ὑπουργεῖον.

ΜΕΤΑ ΤΟ ΕΚΔΗΛΩΘΕΝ ΠΡΑΞΙΚΟΠΗΜΑ

Ρευστὴ ἀκόμη ἡ κατάστασις εἰς τὸ Ἰράκ

ΤΟ "ΜΠΑΑΘ" ΕΠΙΧΕΙΡΕΙ ΝΑ ΣΥΜΦΙΛΙΩΘΗ ΜΕ ΤΟΝ ΑΡΕΦ - Η ΣΥΡΙΑ ΜΕΤΕΒΑΛΕ ΣΤΑΣΙΝ ΚΑΙ ΣΥΖΗΤΕΙ ΠΕΡΙ "ΚΑΛΩΝ ΣΧΕΣΕΩΝ".-ΕΝΔΟΚΟΜΜΑΤΙΚΗ ΔΙΑΜΑΧΗ ΜΕΤΑΞΥ ΤΗΣ ΗΓΕΣΙΑΣ

ΒΙΑΙΟΤΑΤΗ ΕΠΙΘΕΣΙΣ ΤΗΣ «ΠΡΑΒΔΑ»

— ΑΘΗΝΑΙ, 20. — Ὡς ἀνακοινοῦται ἐκ τῶν ἁρμοδίων ὑπηρεσιῶν, τὸ ζήτημα ἐξετάζεται ὑπὸ τοῦ ἁρμοδίου Ὑπουργείου, ἀναμένονται δὲ αἱ σχετικαὶ ἀποφάσεις ἐντὸς τῶν προσεχῶν ἡμερῶν. Κατὰ τὰς πληροφορίας μας, ἡ Κυβέρνησις θὰ προβῇ εἰς τὰς ἀναγκαίας ἐνεργείας. Αἱ συσκέψεις συνεχίζονται καὶ σήμερον εἰς τὸ Ὑπουργεῖον, ὅπου παρέστησαν οἱ ἐκπρόσωποι τῶν ἐνδιαφερομένων ὀργανώσεων. Ἐπὶ τοῦ θέματος ἐλήφθησαν ἤδη ὡρισμένα μέτρα. — ΑΘΗΝΑΙ, 20. — Ὡς ἀνακοινοῦται ἐκ τῶν ἁρμοδίων ὑπηρεσιῶν, τὸ ζήτημα ἐξετάζεται ὑπὸ τοῦ ἁρμοδίου Ὑπουργείου, ἀναμένονται δὲ αἱ σχετικαὶ ἀποφάσεις ἐντὸς τῶν προσεχῶν ἡμερῶν. Κατὰ τὰς πληροφορίας μας, ἡ Κυβέρνησις θὰ προβῇ εἰς τὰς ἀναγκαίας ἐνεργείας. Αἱ συσκέψεις συνεχίζονται καὶ σήμερον εἰς τὸ Ὑπουργεῖον.

ΑΠΟΚΑΤΕΣΤΑΘΗ Η ΤΑΞΙΣ

— ΑΘΗΝΑΙ, 20. — Ὡς ἀνακοινοῦται ἐκ τῶν ἁρμοδίων ὑπηρεσιῶν, τὸ ζήτημα ἐξετάζεται ὑπὸ τοῦ ἁρμοδίου Ὑπουργείου, ἀναμένονται δὲ αἱ σχετικαὶ ἀποφάσεις ἐντὸς τῶν προσεχῶν ἡμερῶν. Κατὰ τὰς πληροφορίας μας, ἡ Κυβέρνησις θὰ προβῇ εἰς τὰς ἀναγκαίας ἐνεργείας. Αἱ συσκέψεις συνεχίζονται καὶ σήμερον εἰς τὸ Ὑπουργεῖον, ὅπου παρέστησαν οἱ ἐκπρόσωποι τῶν ἐνδιαφερομένων ὀργανώσεων. Ἐπὶ τοῦ θέματος ἐλήφθησαν ἤδη ὡρισμένα μέτρα. — ΑΘΗΝΑΙ, 20. — Ὡς ἀνακοινοῦται ἐκ τῶν ἁρμοδίων ὑπηρεσιῶν, τὸ ζήτημα ἐξετάζεται ὑπὸ τοῦ ἁρμοδίου Ὑπουργείου, ἀναμένονται δὲ αἱ σχετικαὶ ἀποφάσεις ἐντὸς τῶν προσεχῶν ἡμερῶν. Κατὰ τὰς πληροφορίας μας, ἡ Κυβέρνησις θὰ προβῇ εἰς τὰς ἀναγκαίας ἐνεργείας. Αἱ συσκέψεις συνεχίζονται καὶ σήμερον εἰς τὸ Ὑπουργεῖον.

ΣΧΟΛΙΑ ΤΗΣ «ΠΡΑΒΔΑ»

— ΑΘΗΝΑΙ, 20. — Ὡς ἀνακοινοῦται ἐκ τῶν ἁρμοδίων ὑπηρεσιῶν, τὸ ζήτημα ἐξετάζεται ὑπὸ τοῦ ἁρμοδίου Ὑπουργείου, ἀναμένονται δὲ αἱ σχετικαὶ ἀποφάσεις ἐντὸς τῶν προσεχῶν ἡμερῶν. Κατὰ τὰς πληροφορίας μας, ἡ Κυβέρνησις θὰ προβῇ εἰς τὰς ἀναγκαίας ἐνεργείας. Αἱ συσκέψεις συνεχίζονται καὶ σήμερον εἰς τὸ Ὑπουργεῖον, ὅπου παρέστησαν οἱ ἐκπρόσωποι τῶν ἐνδιαφερομένων ὀργανώσεων. Ἐπὶ τοῦ θέματος ἐλήφθησαν ἤδη ὡρισμένα μέτρα. — ΑΘΗΝΑΙ, 20. — Ὡς ἀνακοινοῦται ἐκ τῶν ἁρμοδίων ὑπηρεσιῶν, τὸ ζήτημα ἐξετάζεται ὑπὸ τοῦ ἁρμοδίου Ὑπουργείου, ἀναμένονται δὲ αἱ σχετικαὶ ἀποφάσεις ἐντὸς τῶν προσεχῶν ἡμερῶν. Κατὰ τὰς πληροφορίας μας, ἡ Κυβέρνησις θὰ προβῇ εἰς τὰς ἀναγκαίας ἐνεργείας. Αἱ συσκέψεις συνεχίζονται καὶ σήμερον εἰς τὸ Ὑπουργεῖον.
— ΑΘΗΝΑΙ, 20. — Ὡς ἀνακοινοῦται ἐκ τῶν ἁρμοδίων ὑπηρεσιῶν, τὸ ζήτημα ἐξετάζεται ὑπὸ τοῦ ἁρμοδίου Ὑπουργείου, ἀναμένονται δὲ αἱ σχετικαὶ ἀποφάσεις ἐντὸς τῶν προσεχῶν ἡμερῶν. Κατὰ τὰς πληροφορίας μας, ἡ Κυβέρνησις θὰ προβῇ εἰς τὰς ἀναγκαίας ἐνεργείας. Αἱ συσκέψεις συνεχίζονται καὶ σήμερον εἰς τὸ Ὑπουργεῖον, ὅπου παρέστησαν οἱ ἐκπρόσωποι τῶν ἐνδιαφερομένων ὀργανώσεων. Ἐπὶ τοῦ θέματος ἐλήφθησαν ἤδη ὡρισμένα μέτρα. — ΑΘΗΝΑΙ, 20. — Ὡς ἀνακοινοῦται ἐκ τῶν ἁρμοδίων ὑπηρεσιῶν, τὸ ζήτημα ἐξετάζεται ὑπὸ τοῦ ἁρμοδίου Ὑπουργείου, ἀναμένονται δὲ αἱ σχετικαὶ ἀποφάσεις ἐντὸς τῶν προσεχῶν ἡμερῶν. Κατὰ τὰς πληροφορίας μας, ἡ Κυβέρνησις θὰ προβῇ εἰς τὰς ἀναγκαίας ἐνεργείας. Αἱ συσκέψεις συνεχίζονται καὶ σήμερον εἰς τὸ Ὑπουργεῖον.

ΠΡΟΘΗΚΗ ΤΟ ΘΕΜΑ ΕΠΑΝΑΛΕΙΤΟΥΡΓΙΑΣ ΤΟΥ ΜΕΤΑΞΟΥΡΓΙΟΥ ΣΟΥΦΛΙΟΥ

— ΑΘΗΝΑΙ, 20. — Ὡς ἀνακοινοῦται ἐκ τῶν ἁρμοδίων ὑπηρεσιῶν, τὸ ζήτημα ἐξετάζεται ὑπὸ τοῦ ἁρμοδίου Ὑπουργείου, ἀναμένονται δὲ αἱ σχετικαὶ ἀποφάσεις ἐντὸς τῶν προσεχῶν ἡμερῶν. Κατὰ τὰς πληροφορίας μας, ἡ Κυβέρνησις θὰ προβῇ εἰς τὰς ἀναγκαίας ἐνεργείας. Αἱ συσκέψεις συνεχίζονται καὶ σήμερον εἰς τὸ Ὑπουργεῖον, ὅπου παρέστησαν οἱ ἐκπρόσωποι τῶν ἐνδιαφερομένων ὀργανώσεων. Ἐπὶ τοῦ θέματος ἐλήφθησαν ἤδη ὡρισμένα μέτρα. — ΑΘΗΝΑΙ, 20. — Ὡς ἀνακοινοῦται ἐκ τῶν ἁρμοδίων ὑπηρεσιῶν, τὸ ζήτημα ἐξετάζεται ὑπὸ τοῦ ἁρμοδίου Ὑπουργείου, ἀναμένονται δὲ αἱ σχετικαὶ ἀποφάσεις ἐντὸς τῶν προσεχῶν ἡμερῶν. Κατὰ τὰς πληροφορίας μας, ἡ Κυβέρνησις θὰ προβῇ εἰς τὰς ἀναγκαίας ἐνεργείας. Αἱ συσκέψεις συνεχίζονται καὶ σήμερον εἰς τὸ Ὑπουργεῖον.
— ΑΘΗΝΑΙ, 20. — Ὡς ἀνακοινοῦται ἐκ τῶν ἁρμοδίων ὑπηρεσιῶν, τὸ ζήτημα ἐξετάζεται ὑπὸ τοῦ ἁρμοδίου Ὑπουργείου, ἀναμένονται δὲ αἱ σχετικαὶ ἀποφάσεις ἐντὸς τῶν προσεχῶν ἡμερῶν. Κατὰ τὰς πληροφορίας μας, ἡ Κυβέρνησις θὰ προβῇ εἰς τὰς ἀναγκαίας ἐνεργείας. Αἱ συσκέψεις συνεχίζονται καὶ σήμερον εἰς τὸ Ὑπουργεῖον, ὅπου παρέστησαν οἱ ἐκπρόσωποι τῶν ἐνδιαφερομένων ὀργανώσεων. Ἐπὶ τοῦ θέματος ἐλήφθησαν ἤδη ὡρισμένα μέτρα. — ΑΘΗΝΑΙ, 20. — Ὡς ἀνακοινοῦται ἐκ τῶν ἁρμοδίων ὑπηρεσιῶν, τὸ ζήτημα ἐξετάζεται ὑπὸ τοῦ ἁρμοδίου Ὑπουργείου, ἀναμένονται δὲ αἱ σχετικαὶ ἀποφάσεις ἐντὸς τῶν προσεχῶν ἡμερῶν. Κατὰ τὰς πληροφορίας μας, ἡ Κυβέρνησις θὰ προβῇ εἰς τὰς ἀναγκαίας ἐνεργείας. Αἱ συσκέψεις συνεχίζονται καὶ σήμερον εἰς τὸ Ὑπουργεῖον.

ΑΠΕΛΥΘΗ ΑΙ ΖΗΜΙΑΙ

— ΑΘΗΝΑΙ, 20. — Ὡς ἀνακοινοῦται ἐκ τῶν ἁρμοδίων ὑπηρεσιῶν, τὸ ζήτημα ἐξετάζεται ὑπὸ τοῦ ἁρμοδίου Ὑπουργείου, ἀναμένονται δὲ αἱ σχετικαὶ ἀποφάσεις ἐντὸς τῶν προσεχῶν ἡμερῶν. Κατὰ τὰς πληροφορίας μας, ἡ Κυβέρνησις θὰ προβῇ εἰς τὰς ἀναγκαίας ἐνεργείας. Αἱ συσκέψεις συνεχίζονται καὶ σήμερον εἰς τὸ Ὑπουργεῖον, ὅπου παρέστησαν οἱ ἐκπρόσωποι τῶν ἐνδιαφερομένων ὀργανώσεων. Ἐπὶ τοῦ θέματος ἐλήφθησαν ἤδη ὡρισμένα μέτρα. — ΑΘΗΝΑΙ, 20. — Ὡς ἀνακοινοῦται ἐκ τῶν ἁρμοδίων ὑπηρεσιῶν, τὸ ζήτημα ἐξετάζεται ὑπὸ τοῦ ἁρμοδίου Ὑπουργείου, ἀναμένονται δὲ αἱ σχετικαὶ ἀποφάσεις ἐντὸς τῶν προσεχῶν ἡμερῶν. Κατὰ τὰς πληροφορίας μας, ἡ Κυβέρνησις θὰ προβῇ εἰς τὰς ἀναγκαίας ἐνεργείας. Αἱ συσκέψεις συνεχίζονται καὶ σήμερον εἰς τὸ Ὑπουργεῖον.

ΕΠΑΝΕΥΞΕΙΖΟΝΤΑΙ ΑΙ ΜΑΧΑΙ

— ΑΘΗΝΑΙ, 20. — Ὡς ἀνακοινοῦται ἐκ τῶν ἁρμοδίων ὑπηρεσιῶν, τὸ ζήτημα ἐξετάζεται ὑπὸ τοῦ ἁρμοδίου Ὑπουργείου, ἀναμένονται δὲ αἱ σχετικαὶ ἀποφάσεις ἐντὸς τῶν προσεχῶν ἡμερῶν. Κατὰ τὰς πληροφορίας μας, ἡ Κυβέρνησις θὰ προβῇ εἰς τὰς ἀναγκαίας ἐνεργείας. Αἱ συσκέψεις συνεχίζονται καὶ σήμερον εἰς τὸ Ὑπουργεῖον, ὅπου παρέστησαν οἱ ἐκπρόσωποι τῶν ἐνδιαφερομένων ὀργανώσεων. Ἐπὶ τοῦ θέματος ἐλήφθησαν ἤδη ὡρισμένα μέτρα. — ΑΘΗΝΑΙ, 20. — Ὡς ἀνακοινοῦται ἐκ τῶν ἁρμοδίων ὑπηρεσιῶν, τὸ ζήτημα ἐξετάζεται ὑπὸ τοῦ ἁρμοδίου Ὑπουργείου, ἀναμένονται δὲ αἱ σχετικαὶ ἀποφάσεις ἐντὸς τῶν προσεχῶν ἡμερῶν. Κατὰ τὰς πληροφορίας μας, ἡ Κυβέρνησις θὰ προβῇ εἰς τὰς ἀναγκαίας ἐνεργείας. Αἱ συσκέψεις συνεχίζονται καὶ σήμερον εἰς τὸ Ὑπουργεῖον.

Η ΣΑΡΡΑ ΤΣΟΡΤΖΙΑ ΑΣΘΕΝΗΣΑΣΑ ΔΕΝ ΘΑ ΕΜΦΑΝΙΣΘΗ ΕΙΣ ΘΕΑΤΡΙΚΩΝ ΕΡΓΩΝ

ΠΑΣΧΕΙ ΨΥΧΙΚΩΣ

— ΑΘΗΝΑΙ, 20. — Ὡς ἀνακοινοῦται ἐκ τῶν ἁρμοδίων ὑπηρεσιῶν, τὸ ζήτημα ἐξετάζεται ὑπὸ τοῦ ἁρμοδίου Ὑπουργείου, ἀναμένονται δὲ αἱ σχετικαὶ ἀποφάσεις ἐντὸς τῶν προσεχῶν ἡμερῶν. Κατὰ τὰς πληροφορίας μας, ἡ Κυβέρνησις θὰ προβῇ εἰς τὰς ἀναγκαίας ἐνεργείας. Αἱ συσκέψεις συνεχίζονται καὶ σήμερον εἰς τὸ Ὑπουργεῖον, ὅπου παρέστησαν οἱ ἐκπρόσωποι τῶν ἐνδιαφερομένων ὀργανώσεων. Ἐπὶ τοῦ θέματος ἐλήφθησαν ἤδη ὡρισμένα μέτρα. — ΑΘΗΝΑΙ, 20. — Ὡς ἀνακοινοῦται ἐκ τῶν ἁρμοδίων ὑπηρεσιῶν, τὸ ζήτημα ἐξετάζεται ὑπὸ τοῦ ἁρμοδίου Ὑπουργείου, ἀναμένονται δὲ αἱ σχετικαὶ ἀποφάσεις ἐντὸς τῶν προσεχῶν ἡμερῶν. Κατὰ τὰς πληροφορίας μας, ἡ Κυβέρνησις θὰ προβῇ εἰς τὰς ἀναγκαίας ἐνεργείας. Αἱ συσκέψεις συνεχίζονται καὶ σήμερον εἰς τὸ Ὑπουργεῖον.

ΚΑΤΑ ΤΟ ΑΟΥΓΑ

Η ΕΛΛΑΣ ΠΡΩΤΗ ΕΙΣ ΤΑΣ ΝΑΥΤΙΚΑΣ ΑΠΩΛΕΙΑΣ

ΕΠΤΑ ΝΑΥΑΓΙΑ ΠΛΟΙΩΝ ΤΗΣ

— ΑΘΗΝΑΙ, 20. — Ὡς ἀνακοινοῦται ἐκ τῶν ἁρμοδίων ὑπηρεσιῶν, τὸ ζήτημα ἐξετάζεται ὑπὸ τοῦ ἁρμοδίου Ὑπουργείου, ἀναμένονται δὲ αἱ σχετικαὶ ἀποφάσεις ἐντὸς τῶν προσεχῶν ἡμερῶν. Κατὰ τὰς πληροφορίας μας, ἡ Κυβέρνησις θὰ προβῇ εἰς τὰς ἀναγκαίας ἐνεργείας. Αἱ συσκέψεις συνεχίζονται καὶ σήμερον εἰς τὸ Ὑπουργεῖον, ὅπου παρέστησαν οἱ ἐκπρόσωποι τῶν ἐνδιαφερομένων ὀργανώσεων. Ἐπὶ τοῦ θέματος ἐλήφθησαν ἤδη ὡρισμένα μέτρα. — ΑΘΗΝΑΙ, 20. — Ὡς ἀνακοινοῦται ἐκ τῶν ἁρμοδίων ὑπηρεσιῶν, τὸ ζήτημα ἐξετάζεται ὑπὸ τοῦ ἁρμοδίου Ὑπουργείου, ἀναμένονται δὲ αἱ σχετικαὶ ἀποφάσεις ἐντὸς τῶν προσεχῶν ἡμερῶν. Κατὰ τὰς πληροφορίας μας, ἡ Κυβέρνησις θὰ προβῇ εἰς τὰς ἀναγκαίας ἐνεργείας. Αἱ συσκέψεις συνεχίζονται καὶ σήμερον εἰς τὸ Ὑπουργεῖον.

Η ΤΣΕΧΟΣΛΟΒΑΚΙΑ ΕΝΔΙΑΦΕΡΕΤΑΙ ΔΙΑ ΤΑ ΕΛΛΗΝΙΚΑ ΑΓΡΕΤΑ

— ΑΘΗΝΑΙ, 20. — Ὡς ἀνακοινοῦται ἐκ τῶν ἁρμοδίων ὑπηρεσιῶν, τὸ ζήτημα ἐξετάζεται ὑπὸ τοῦ ἁρμοδίου Ὑπουργείου, ἀναμένονται δὲ αἱ σχετικαὶ ἀποφάσεις ἐντὸς τῶν προσεχῶν ἡμερῶν. Κατὰ τὰς πληροφορίας μας, ἡ Κυβέρνησις θὰ προβῇ εἰς τὰς ἀναγκαίας ἐνεργείας. Αἱ συσκέψεις συνεχίζονται καὶ σήμερον εἰς τὸ Ὑπουργεῖον, ὅπου παρέστησαν οἱ ἐκπρόσωποι τῶν ἐνδιαφερομένων ὀργανώσεων. Ἐπὶ τοῦ θέματος ἐλήφθησαν ἤδη ὡρισμένα μέτρα. — ΑΘΗΝΑΙ, 20. — Ὡς ἀνακοινοῦται ἐκ τῶν ἁρμοδίων ὑπηρεσιῶν, τὸ ζήτημα ἐξετάζεται ὑπὸ τοῦ ἁρμοδίου Ὑπουργείου, ἀναμένονται δὲ αἱ σχετικαὶ ἀποφάσεις ἐντὸς τῶν προσεχῶν ἡμερῶν. Κατὰ τὰς πληροφορίας μας, ἡ Κυβέρνησις θὰ προβῇ εἰς τὰς ἀναγκαίας ἐνεργείας. Αἱ συσκέψεις συνεχίζονται καὶ σήμερον εἰς τὸ Ὑπουργεῖον.

ΕΙΣ ΜΕΓΑΛΗΝ ΣΥΣΚΕΨΙΝ ΘΑ ΕΞΕΤΑΣΘΟΥΝ ΟΛΑ ΤΑ ΘΕΜΑΤΑ ΤΗΣ ΒΙΟΜΗΧΑΝΙΑΣ

— ΑΘΗΝΑΙ, 20. — Ὡς ἀνακοινοῦται ἐκ τῶν ἁρμοδίων ὑπηρεσιῶν, τὸ ζήτημα ἐξετάζεται ὑπὸ τοῦ ἁρμοδίου Ὑπουργείου, ἀναμένονται δὲ αἱ σχετικαὶ ἀποφάσεις ἐντὸς τῶν προσεχῶν ἡμερῶν. Κατὰ τὰς πληροφορίας μας, ἡ Κυβέρνησις θὰ προβῇ εἰς τὰς ἀναγκαίας ἐνεργείας. Αἱ συσκέψεις συνεχίζονται καὶ σήμερον εἰς τὸ Ὑπουργεῖον, ὅπου παρέστησαν οἱ ἐκπρόσωποι τῶν ἐνδιαφερομένων ὀργανώσεων. Ἐπὶ τοῦ θέματος ἐλήφθησαν ἤδη ὡρισμένα μέτρα. — ΑΘΗΝΑΙ, 20. — Ὡς ἀνακοινοῦται ἐκ τῶν ἁρμοδίων ὑπηρεσιῶν, τὸ ζήτημα ἐξετάζεται ὑπὸ τοῦ ἁρμοδίου Ὑπουργείου, ἀναμένονται δὲ αἱ σχετικαὶ ἀποφάσεις ἐντὸς τῶν προσεχῶν ἡμερῶν. Κατὰ τὰς πληροφορίας μας, ἡ Κυβέρνησις θὰ προβῇ εἰς τὰς ἀναγκαίας ἐνεργείας. Αἱ συσκέψεις συνεχίζονται καὶ σήμερον εἰς τὸ Ὑπουργεῖον.

ΤΑ ΔΙΚΑΣΤΗΡΙΑ ΚΑΙ ΟΧΙ Η ΔΙΟΙΚΗΣΙΣ ΕΙΝΑΙ ΑΡΜΟΔΙΑ ΔΙΑ ΤΑΣ ΠΙΝΑΚΙΔΑΣ

— ΑΘΗΝΑΙ, 20. — Ὡς ἀνακοινοῦται ἐκ τῶν ἁρμοδίων ὑπηρεσιῶν, τὸ ζήτημα ἐξετάζεται ὑπὸ τοῦ ἁρμοδίου Ὑπουργείου, ἀναμένονται δὲ αἱ σχετικαὶ ἀποφάσεις ἐντὸς τῶν προσεχῶν ἡμερῶν. Κατὰ τὰς πληροφορίας μας, ἡ Κυβέρνησις θὰ προβῇ εἰς τὰς ἀναγκαίας ἐνεργείας. Αἱ συσκέψεις συνεχίζονται καὶ σήμερον εἰς τὸ Ὑπουργεῖον, ὅπου παρέστησαν οἱ ἐκπρόσωποι τῶν ἐνδιαφερομένων ὀργανώσεων. Ἐπὶ τοῦ θέματος ἐλήφθησαν ἤδη ὡρισμένα μέτρα. — ΑΘΗΝΑΙ, 20. — Ὡς ἀνακοινοῦται ἐκ τῶν ἁρμοδίων ὑπηρεσιῶν, τὸ ζήτημα ἐξετάζεται ὑπὸ τοῦ ἁρμοδίου Ὑπουργείου, ἀναμένονται δὲ αἱ σχετικαὶ ἀποφάσεις ἐντὸς τῶν προσεχῶν ἡμερῶν. Κατὰ τὰς πληροφορίας μας, ἡ Κυβέρνησις θὰ προβῇ εἰς τὰς ἀναγκαίας ἐνεργείας. Αἱ συσκέψεις συνεχίζονται καὶ σήμερον εἰς τὸ Ὑπουργεῖον.

ΟΛΟΙ ΟΙ ΠΙΣΤΕΥΟΝΤΕΣ ΕΙΣ ΤΗΝ ΔΗΜΟΚΡΑΤΙΑΝ ΕΙΝΑΙ ΕΥΠΡΟΣΔΕΚΤΟΙ ΕΙΣ ΤΗΝ ΕΝΩΣΙΝ ΚΕΝΤΡΟΥ

— ΑΘΗΝΑΙ, 20. — Ὡς ἀνακοινοῦται ἐκ τῶν ἁρμοδίων ὑπηρεσιῶν, τὸ ζήτημα ἐξετάζεται ὑπὸ τοῦ ἁρμοδίου Ὑπουργείου, ἀναμένονται δὲ αἱ σχετικαὶ ἀποφάσεις ἐντὸς τῶν προσεχῶν ἡμερῶν. Κατὰ τὰς πληροφορίας μας, ἡ Κυβέρνησις θὰ προβῇ εἰς τὰς ἀναγκαίας ἐνεργείας. Αἱ συσκέψεις συνεχίζονται καὶ σήμερον εἰς τὸ Ὑπουργεῖον, ὅπου παρέστησαν οἱ ἐκπρόσωποι τῶν ἐνδιαφερομένων ὀργανώσεων. Ἐπὶ τοῦ θέματος ἐλήφθησαν ἤδη ὡρισμένα μέτρα. — ΑΘΗΝΑΙ, 20. — Ὡς ἀνακοινοῦται ἐκ τῶν ἁρμοδίων ὑπηρεσιῶν, τὸ ζήτημα ἐξετάζεται ὑπὸ τοῦ ἁρμοδίου Ὑπουργείου, ἀναμένονται δὲ αἱ σχετικαὶ ἀποφάσεις ἐντὸς τῶν προσεχῶν ἡμερῶν. Κατὰ τὰς πληροφορίας μας, ἡ Κυβέρνησις θὰ προβῇ εἰς τὰς ἀναγκαίας ἐνεργείας. Αἱ συσκέψεις συνεχίζονται καὶ σήμερον εἰς τὸ Ὑπουργεῖον.

ΑΠΟΛΥΘΕΝΤΕΣ ΥΠΑΛΛΗΛΟΙ ΤΟΥ ΥΠΟΥΡΓΕΙΟΥ ΑΜΥΝΗΣ ΖΗΤΟΥΝ ΕΠΑΝΑΦΟΡΑΝ

— ΑΘΗΝΑΙ, 20. — Ὡς ἀνακοινοῦται ἐκ τῶν ἁρμοδίων ὑπηρεσιῶν, τὸ ζήτημα ἐξετάζεται ὑπὸ τοῦ ἁρμοδίου Ὑπουργείου, ἀναμένονται δὲ αἱ σχετικαὶ ἀποφάσεις ἐντὸς τῶν προσεχῶν ἡμερῶν. Κατὰ τὰς πληροφορίας μας, ἡ Κυβέρνησις θὰ προβῇ εἰς τὰς ἀναγκαίας ἐνεργείας. Αἱ συσκέψεις συνεχίζονται καὶ σήμερον εἰς τὸ Ὑπουργεῖον, ὅπου παρέστησαν οἱ ἐκπρόσωποι τῶν ἐνδιαφερομένων ὀργανώσεων. Ἐπὶ τοῦ θέματος ἐλήφθησαν ἤδη ὡρισμένα μέτρα. — ΑΘΗΝΑΙ, 20. — Ὡς ἀνακοινοῦται ἐκ τῶν ἁρμοδίων ὑπηρεσιῶν, τὸ ζήτημα ἐξετάζεται ὑπὸ τοῦ ἁρμοδίου Ὑπουργείου, ἀναμένονται δὲ αἱ σχετικαὶ ἀποφάσεις ἐντὸς τῶν προσεχῶν ἡμερῶν. Κατὰ τὰς πληροφορίας μας, ἡ Κυβέρνησις θὰ προβῇ εἰς τὰς ἀναγκαίας ἐνεργείας. Αἱ συσκέψεις συνεχίζονται καὶ σήμερον εἰς τὸ Ὑπουργεῖον.

ΕΙΔΙΚΗ ΣΥΣΚΕΨΙΣ ΔΙΑ ΤΗΝ ΤΙΜΗΝ ΤΩΝ ΓΙΑΟΥΡΤΙΩΝ

— ΑΘΗΝΑΙ, 20. — Ὡς ἀνακοινοῦται ἐκ τῶν ἁρμοδίων ὑπηρεσιῶν, τὸ ζήτημα ἐξετάζεται ὑπὸ τοῦ ἁρμοδίου Ὑπουργείου, ἀναμένονται δὲ αἱ σχετικαὶ ἀποφάσεις ἐντὸς τῶν προσεχῶν ἡμερῶν. Κατὰ τὰς πληροφορίας μας, ἡ Κυβέρνησις θὰ προβῇ εἰς τὰς ἀναγκαίας ἐνεργείας. Αἱ συσκέψεις συνεχίζονται καὶ σήμερον εἰς τὸ Ὑπουργεῖον, ὅπου παρέστησαν οἱ ἐκπρόσωποι τῶν ἐνδιαφερομένων ὀργανώσεων. Ἐπὶ τοῦ θέματος ἐλήφθησαν ἤδη ὡρισμένα μέτρα. — ΑΘΗΝΑΙ, 20. — Ὡς ἀνακοινοῦται ἐκ τῶν ἁρμοδίων ὑπηρεσιῶν, τὸ ζήτημα ἐξετάζεται ὑπὸ τοῦ ἁρμοδίου Ὑπουργείου, ἀναμένονται δὲ αἱ σχετικαὶ ἀποφάσεις ἐντὸς τῶν προσεχῶν ἡμερῶν. Κατὰ τὰς πληροφορίας μας, ἡ Κυβέρνησις θὰ προβῇ εἰς τὰς ἀναγκαίας ἐνεργείας. Αἱ συσκέψεις συνεχίζονται καὶ σήμερον εἰς τὸ Ὑπουργεῖον.

Ο κ. ΣΟΦ. ΒΕΝΙΖΕΛΟΣ ΔΕΧΕΤΑΙ ΠΡΕΣΒΕΥΤΑΣ

— ΑΘΗΝΑΙ, 20. — Ὡς ἀνακοινοῦται ἐκ τῶν ἁρμοδίων ὑπηρεσιῶν, τὸ ζήτημα ἐξετάζεται ὑπὸ τοῦ ἁρμοδίου Ὑπουργείου, ἀναμένονται δὲ αἱ σχετικαὶ ἀποφάσεις ἐντὸς τῶν προσεχῶν ἡμερῶν. Κατὰ τὰς πληροφορίας μας, ἡ Κυβέρνησις θὰ προβῇ εἰς τὰς ἀναγκαίας ἐνεργείας. Αἱ συσκέψεις συνεχίζονται καὶ σήμερον εἰς τὸ Ὑπουργεῖον, ὅπου παρέστησαν οἱ ἐκπρόσωποι τῶν ἐνδιαφερομένων ὀργανώσεων. Ἐπὶ τοῦ θέματος ἐλήφθησαν ἤδη ὡρισμένα μέτρα. — ΑΘΗΝΑΙ, 20. — Ὡς ἀνακοινοῦται ἐκ τῶν ἁρμοδίων ὑπηρεσιῶν, τὸ ζήτημα ἐξετάζεται ὑπὸ τοῦ ἁρμοδίου Ὑπουργείου, ἀναμένονται δὲ αἱ σχετικαὶ ἀποφάσεις ἐντὸς τῶν προσεχῶν ἡμερῶν. Κατὰ τὰς πληροφορίας μας, ἡ Κυβέρνησις θὰ προβῇ εἰς τὰς ἀναγκαίας ἐνεργείας. Αἱ συσκέψεις συνεχίζονται καὶ σήμερον εἰς τὸ Ὑπουργεῖον.

Η ΕΛΛΗΝΟΜΑΡΟΚΙΝΗ ΕΜΠΟΡΙΚΗ ΣΥΜΦΩΝΙΑ

— ΑΘΗΝΑΙ, 20. — Ὡς ἀνακοινοῦται ἐκ τῶν ἁρμοδίων ὑπηρεσιῶν, τὸ ζήτημα ἐξετάζεται ὑπὸ τοῦ ἁρμοδίου Ὑπουργείου, ἀναμένονται δὲ αἱ σχετικαὶ ἀποφάσεις ἐντὸς τῶν προσεχῶν ἡμερῶν. Κατὰ τὰς πληροφορίας μας, ἡ Κυβέρνησις θὰ προβῇ εἰς τὰς ἀναγκαίας ἐνεργείας. Αἱ συσκέψεις συνεχίζονται καὶ σήμερον εἰς τὸ Ὑπουργεῖον, ὅπου παρέστησαν οἱ ἐκπρόσωποι τῶν ἐνδιαφερομένων ὀργανώσεων. Ἐπὶ τοῦ θέματος ἐλήφθησαν ἤδη ὡρισμένα μέτρα. — ΑΘΗΝΑΙ, 20. — Ὡς ἀνακοινοῦται ἐκ τῶν ἁρμοδίων ὑπηρεσιῶν, τὸ ζήτημα ἐξετάζεται ὑπὸ τοῦ ἁρμοδίου Ὑπουργείου, ἀναμένονται δὲ αἱ σχετικαὶ ἀποφάσεις ἐντὸς τῶν προσεχῶν ἡμερῶν. Κατὰ τὰς πληροφορίας μας, ἡ Κυβέρνησις θὰ προβῇ εἰς τὰς ἀναγκαίας ἐνεργείας. Αἱ συσκέψεις συνεχίζονται καὶ σήμερον εἰς τὸ Ὑπουργεῖον.

ΑΥΞΗΣΙΣ ΤΙΜΟΛΟΓΙΟΥ ΦΟΡΤΟΕΚΦΟΡΤΩΣΕΩΝ

— ΑΘΗΝΑΙ, 20. — Ὡς ἀνακοινοῦται ἐκ τῶν ἁρμοδίων ὑπηρεσιῶν, τὸ ζήτημα ἐξετάζεται ὑπὸ τοῦ ἁρμοδίου Ὑπουργείου, ἀναμένονται δὲ αἱ σχετικαὶ ἀποφάσεις ἐντὸς τῶν προσεχῶν ἡμερῶν. Κατὰ τὰς πληροφορίας μας, ἡ Κυβέρνησις θὰ προβῇ εἰς τὰς ἀναγκαίας ἐνεργείας. Αἱ συσκέψεις συνεχίζονται καὶ σήμερον εἰς τὸ Ὑπουργεῖον, ὅπου παρέστησαν οἱ ἐκπρόσωποι τῶν ἐνδιαφερομένων ὀργανώσεων. Ἐπὶ τοῦ θέματος ἐλήφθησαν ἤδη ὡρισμένα μέτρα. — ΑΘΗΝΑΙ, 20. — Ὡς ἀνακοινοῦται ἐκ τῶν ἁρμοδίων ὑπηρεσιῶν, τὸ ζήτημα ἐξετάζεται ὑπὸ τοῦ ἁρμοδίου Ὑπουργείου, ἀναμένονται δὲ αἱ σχετικαὶ ἀποφάσεις ἐντὸς τῶν προσεχῶν ἡμερῶν. Κατὰ τὰς πληροφορίας μας, ἡ Κυβέρνησις θὰ προβῇ εἰς τὰς ἀναγκαίας ἐνεργείας. Αἱ συσκέψεις συνεχίζονται καὶ σήμερον εἰς τὸ Ὑπουργεῖον.

ΤΟ ΜΕΤΑΛΛΑΙΑ ΦΑΣΟΥ

— ΑΘΗΝΑΙ, 20. — Ὡς ἀνακοινοῦται ἐκ τῶν ἁρμοδίων ὑπηρεσιῶν, τὸ ζήτημα ἐξετάζεται ὑπὸ τοῦ ἁρμοδίου Ὑπουργείου, ἀναμένονται δὲ αἱ σχετικαὶ ἀποφάσεις ἐντὸς τῶν προσεχῶν ἡμερῶν. Κατὰ τὰς πληροφορίας μας, ἡ Κυβέρνησις θὰ προβῇ εἰς τὰς ἀναγκαίας ἐνεργείας. Αἱ συσκέψεις συνεχίζονται καὶ σήμερον εἰς τὸ Ὑπουργεῖον, ὅπου παρέστησαν οἱ ἐκπρόσωποι τῶν ἐνδιαφερομένων ὀργανώσεων. Ἐπὶ τοῦ θέματος ἐλήφθησαν ἤδη ὡρισμένα μέτρα. — ΑΘΗΝΑΙ, 20. — Ὡς ἀνακοινοῦται ἐκ τῶν ἁρμοδίων ὑπηρεσιῶν, τὸ ζήτημα ἐξετάζεται ὑπὸ τοῦ ἁρμοδίου Ὑπουργείου, ἀναμένονται δὲ αἱ σχετικαὶ ἀποφάσεις ἐντὸς τῶν προσεχῶν ἡμερῶν. Κατὰ τὰς πληροφορίας μας, ἡ Κυβέρνησις θὰ προβῇ εἰς τὰς ἀναγκαίας ἐνεργείας. Αἱ συσκέψεις συνεχίζονται καὶ σήμερον εἰς τὸ Ὑπουργεῖον.

Ἡ ἀπειλὴ κατέστη ἔντονος

Αἱ παραγωγικαὶ τάξεις Θεσσαλονίκης ἀποδύονται εἰς νέον ἀγῶνα πρὸς περιφρούρησιν τῆς Ἐκθέσεως

Θὰ ζητηθῇ ἀπὸ τὴν κυβέρνησιν νὰ μὴ ἐπιτρέψῃ τὴν ἵδρυσιν κέντρου ἰταλικῶν προϊόντων

— ΑΘΗΝΑΙ, 20. — Ὡς ἀνακοινοῦται ἐκ τῶν ἁρμοδίων ὑπηρεσιῶν, τὸ ζήτημα ἐξετάζεται ὑπὸ τοῦ ἁρμοδίου Ὑπουργείου, ἀναμένονται δὲ αἱ σχετικαὶ ἀποφάσεις ἐντὸς τῶν προσεχῶν ἡμερῶν. Κατὰ τὰς πληροφορίας μας, ἡ Κυβέρνησις θὰ προβῇ εἰς τὰς ἀναγκαίας ἐνεργείας. Αἱ συσκέψεις συνεχίζονται καὶ σήμερον εἰς τὸ Ὑπουργεῖον, ὅπου παρέστησαν οἱ ἐκπρόσωποι τῶν ἐνδιαφερομένων ὀργανώσεων. Ἐπὶ τοῦ θέματος ἐλήφθησαν ἤδη ὡρισμένα μέτρα. — ΑΘΗΝΑΙ, 20. — Ὡς ἀνακοινοῦται ἐκ τῶν ἁρμοδίων ὑπηρεσιῶν, τὸ ζήτημα ἐξετάζεται ὑπὸ τοῦ ἁρμοδίου Ὑπουργείου, ἀναμένονται δὲ αἱ σχετικαὶ ἀποφάσεις ἐντὸς τῶν προσεχῶν ἡμερῶν. Κατὰ τὰς πληροφορίας μας, ἡ Κυβέρνησις θὰ προβῇ εἰς τὰς ἀναγκαίας ἐνεργείας. Αἱ συσκέψεις συνεχίζονται καὶ σήμερον εἰς τὸ Ὑπουργεῖον.
— ΑΘΗΝΑΙ, 20. — Ὡς ἀνακοινοῦται ἐκ τῶν ἁρμοδίων ὑπηρεσιῶν, τὸ ζήτημα ἐξετάζεται ὑπὸ τοῦ ἁρμοδίου Ὑπουργείου, ἀναμένονται δὲ αἱ σχετικαὶ ἀποφάσεις ἐντὸς τῶν προσεχῶν ἡμερῶν. Κατὰ τὰς πληροφορίας μας, ἡ Κυβέρνησις θὰ προβῇ εἰς τὰς ἀναγκαίας ἐνεργείας. Αἱ συσκέψεις συνεχίζονται καὶ σήμερον εἰς τὸ Ὑπουργεῖον, ὅπου παρέστησαν οἱ ἐκπρόσωποι τῶν ἐνδιαφερομένων ὀργανώσεων. Ἐπὶ τοῦ θέματος ἐλήφθησαν ἤδη ὡρισμένα μέτρα. — ΑΘΗΝΑΙ, 20. — Ὡς ἀνακοινοῦται ἐκ τῶν ἁρμοδίων ὑπηρεσιῶν, τὸ ζήτημα ἐξετάζεται ὑπὸ τοῦ ἁρμοδίου Ὑπουργείου, ἀναμένονται δὲ αἱ σχετικαὶ ἀποφάσεις ἐντὸς τῶν προσεχῶν ἡμερῶν. Κατὰ τὰς πληροφορίας μας, ἡ Κυβέρνησις θὰ προβῇ εἰς τὰς ἀναγκαίας ἐνεργείας. Αἱ συσκέψεις συνεχίζονται καὶ σήμερον εἰς τὸ Ὑπουργεῖον.

ΑΠΕΚΑΛΥΦΘΗ ΚΑΤΟΠΙΝ ΕΛΕΓΧΟΥ

ΚΑΤΑΧΡΗΣΙΣ ΗΜΙΣΕΟΣ ΕΚΑΤΟΜΜΥΡΙΟΥ ΕΙΣ ΤΟ ΤΑΜΕΙΟΝ ΣΥΝΤΑΞΕΩΣ ΤΩΝ ΑΥΤΟΚΙΝΗΤΙΣΤΩΝ ΤΟΥ ΒΟΛΟΥ

ΔΕΝ ΕΝΕΓΡΑΦΟΝΤΟ ΚΑΝΟΝΙΚΩΣ ΚΑΙ ΚΑΤΑΒΟΛΑΙ ΤΩΝ ΗΣΦΑΛΙΣΜΕΝΩΝ.- ΕΝΕΧΕΤΑΙ Ο ΥΠΕΥΘΥΝΟΣ ΔΙΑΧΕΙΡΙΣΤΗΣ, ΟΣΤΙΣ ΚΑΙ ΕΧΕΙ ΕΞΑΦΑΝΙΣΘΗ

— ΑΘΗΝΑΙ, 20. — Ὡς ἀνακοινοῦται ἐκ τῶν ἁρμοδίων ὑπηρεσιῶν, τὸ ζήτημα ἐξετάζεται ὑπὸ τοῦ ἁρμοδίου Ὑπουργείου, ἀναμένονται δὲ αἱ σχετικαὶ ἀποφάσεις ἐντὸς τῶν προσεχῶν ἡμερῶν. Κατὰ τὰς πληροφορίας μας, ἡ Κυβέρνησις θὰ προβῇ εἰς τὰς ἀναγκαίας ἐνεργείας. Αἱ συσκέψεις συνεχίζονται καὶ σήμερον εἰς τὸ Ὑπουργεῖον, ὅπου παρέστησαν οἱ ἐκπρόσωποι τῶν ἐνδιαφερομένων ὀργανώσεων. Ἐπὶ τοῦ θέματος ἐλήφθησαν ἤδη ὡρισμένα μέτρα. — ΑΘΗΝΑΙ, 20. — Ὡς ἀνακοινοῦται ἐκ τῶν ἁρμοδίων ὑπηρεσιῶν, τὸ ζήτημα ἐξετάζεται ὑπὸ τοῦ ἁρμοδίου Ὑπουργείου, ἀναμένονται δὲ αἱ σχετικαὶ ἀποφάσεις ἐντὸς τῶν προσεχῶν ἡμερῶν. Κατὰ τὰς πληροφορίας μας, ἡ Κυβέρνησις θὰ προβῇ εἰς τὰς ἀναγκαίας ἐνεργείας. Αἱ συσκέψεις συνεχίζονται καὶ σήμερον εἰς τὸ Ὑπουργεῖον.
— ΑΘΗΝΑΙ, 20. — Ὡς ἀνακοινοῦται ἐκ τῶν ἁρμοδίων ὑπηρεσιῶν, τὸ ζήτημα ἐξετάζεται ὑπὸ τοῦ ἁρμοδίου Ὑπουργείου, ἀναμένονται δὲ αἱ σχετικαὶ ἀποφάσεις ἐντὸς τῶν προσεχῶν ἡμερῶν. Κατὰ τὰς πληροφορίας μας, ἡ Κυβέρνησις θὰ προβῇ εἰς τὰς ἀναγκαίας ἐνεργείας. Αἱ συσκέψεις συνεχίζονται καὶ σήμερον εἰς τὸ Ὑπουργεῖον, ὅπου παρέστησαν οἱ ἐκπρόσωποι τῶν ἐνδιαφερομένων ὀργανώσεων. Ἐπὶ τοῦ θέματος ἐλήφθησαν ἤδη ὡρισμένα μέτρα. — ΑΘΗΝΑΙ, 20. — Ὡς ἀνακοινοῦται ἐκ τῶν ἁρμοδίων ὑπηρεσιῶν, τὸ ζήτημα ἐξετάζεται ὑπὸ τοῦ ἁρμοδίου Ὑπουργείου, ἀναμένονται δὲ αἱ σχετικαὶ ἀποφάσεις ἐντὸς τῶν προσεχῶν ἡμερῶν. Κατὰ τὰς πληροφορίας μας, ἡ Κυβέρνησις θὰ προβῇ εἰς τὰς ἀναγκαίας ἐνεργείας. Αἱ συσκέψεις συνεχίζονται καὶ σήμερον εἰς τὸ Ὑπουργεῖον.

Εἰς τὰ στούντιο τῆς Ρώμης

Η ΣΟΡΑΓΙΑ ΗΡΧΙΣΕ ΤΟ «ΓΥΡΙΣΜΑ» ΔΟΚΙΜΑΣΤΙΚΩΝ ΠΛΑΝΩΝ ΔΙΑ ΤΗΝ ΠΡΩΤΗ ΤΑΙΝΙΑΝ ΤΗΣ

ΠΡΟΚΕΙΤΑΙ ΔΙΑ «ΤΟ ΜΥΣΤΙΚΟ» ΤΟΥ ΝΤΙΝΟ ΝΤΕ ΛΑΟΥΡΕΝΤΙΣ.- Ο ΠΑΡΤΕΝΑΙΡ ΤΗΣ ΔΕΝ ΕΠΕΛΕΓΗ ΕΙΣΕΤΙ.- ΔΕΥΤΕΡΑ ΤΑΙΝΙΑ ΘΑ ΕΙΝΑΙ Η «ΑΥΤΟΚΡΑΤΕΙΡΑ»

— ΑΘΗΝΑΙ, 20. — Ὡς ἀνακοινοῦται ἐκ τῶν ἁρμοδίων ὑπηρεσιῶν, τὸ ζήτημα ἐξετάζεται ὑπὸ τοῦ ἁρμοδίου Ὑπουργείου, ἀναμένονται δὲ αἱ σχετικαὶ ἀποφάσεις ἐντὸς τῶν προσεχῶν ἡμερῶν. Κατὰ τὰς πληροφορίας μας, ἡ Κυβέρνησις θὰ προβῇ εἰς τὰς ἀναγκαίας ἐνεργείας. Αἱ συσκέψεις συνεχίζονται καὶ σήμερον εἰς τὸ Ὑπουργεῖον, ὅπου παρέστησαν οἱ ἐκπρόσωποι τῶν ἐνδιαφερομένων ὀργανώσεων. Ἐπὶ τοῦ θέματος ἐλήφθησαν ἤδη ὡρισμένα μέτρα. — ΑΘΗΝΑΙ, 20. — Ὡς ἀνακοινοῦται ἐκ τῶν ἁρμοδίων ὑπηρεσιῶν, τὸ ζήτημα ἐξετάζεται ὑπὸ τοῦ ἁρμοδίου Ὑπουργείου, ἀναμένονται δὲ αἱ σχετικαὶ ἀποφάσεις ἐντὸς τῶν προσεχῶν ἡμερῶν. Κατὰ τὰς πληροφορίας μας, ἡ Κυβέρνησις θὰ προβῇ εἰς τὰς ἀναγκαίας ἐνεργείας. Αἱ συσκέψεις συνεχίζονται καὶ σήμερον εἰς τὸ Ὑπουργεῖον.
— ΑΘΗΝΑΙ, 20. — Ὡς ἀνακοινοῦται ἐκ τῶν ἁρμοδίων ὑπηρεσιῶν, τὸ ζήτημα ἐξετάζεται ὑπὸ τοῦ ἁρμοδίου Ὑπουργείου, ἀναμένονται δὲ αἱ σχετικαὶ ἀποφάσεις ἐντὸς τῶν προσεχῶν ἡμερῶν. Κατὰ τὰς πληροφορίας μας, ἡ Κυβέρνησις θὰ προβῇ εἰς τὰς ἀναγκαίας ἐνεργείας. Αἱ συσκέψεις συνεχίζονται καὶ σήμερον εἰς τὸ Ὑπουργεῖον, ὅπου παρέστησαν οἱ ἐκπρόσωποι τῶν ἐνδιαφερομένων ὀργανώσεων. Ἐπὶ τοῦ θέματος ἐλήφθησαν ἤδη ὡρισμένα μέτρα. — ΑΘΗΝΑΙ, 20. — Ὡς ἀνακοινοῦται ἐκ τῶν ἁρμοδίων ὑπηρεσιῶν, τὸ ζήτημα ἐξετάζεται ὑπὸ τοῦ ἁρμοδίου Ὑπουργείου, ἀναμένονται δὲ αἱ σχετικαὶ ἀποφάσεις ἐντὸς τῶν προσεχῶν ἡμερῶν. Κατὰ τὰς πληροφορίας μας, ἡ Κυβέρνησις θὰ προβῇ εἰς τὰς ἀναγκαίας ἐνεργείας. Αἱ συσκέψεις συνεχίζονται καὶ σήμερον εἰς τὸ Ὑπουργεῖον.

ΟΥΔΕΙΣ ΤΙΘΕΤΑΙ ΥΠΕΡΑΝΩ ΑΥΤΩΝ

ΚΑΙ ΟΙ ΠΡΙΓΚΗΠΕΣ ΔΙΚΑΖΟΝΤΑΙ ΕΙΣ ΜΕΓΑΛΗΝ ΒΡΕΤΑΝΝΙΑΝ ΟΤΑΝ ΠΑΡΑΒΟΥΝ ΤΟΥΣ ΝΟΜΟΥΣ

ΕΞΑΙΡΕΙΤΑΙ ΜΟΝΟΝ Ο ΒΑΣΙΛΕΥΩΝ.- Ο ΔΟΥΞ ΤΟΥ ΚΕΝΤ ΣΥΚΟΦΑΝΤΗΣ.- ΔΕΝ ΥΠΑΡΧΕΙ ΑΚΟΜΗ Η ΔΙΚΑΣΙΜΟΣ.- ΚΛΗΤΕΥΟΝΤΑΙ ΟΥΤΟΙ ΚΑΙ ΩΣ ΜΑΡΤΥΡΕΣ.

— ΑΘΗΝΑΙ, 20. — Ὡς ἀνακοινοῦται ἐκ τῶν ἁρμοδίων ὑπηρεσιῶν, τὸ ζήτημα ἐξετάζεται ὑπὸ τοῦ ἁρμοδίου Ὑπουργείου, ἀναμένονται δὲ αἱ σχετικαὶ ἀποφάσεις ἐντὸς τῶν προσεχῶν ἡμερῶν. Κατὰ τὰς πληροφορίας μας, ἡ Κυβέρνησις θὰ προβῇ εἰς τὰς ἀναγκαίας ἐνεργείας. Αἱ συσκέψεις συνεχίζονται καὶ σήμερον εἰς τὸ Ὑπουργεῖον, ὅπου παρέστησαν οἱ ἐκπρόσωποι τῶν ἐνδιαφερομένων ὀργανώσεων. Ἐπὶ τοῦ θέματος ἐλήφθησαν ἤδη ὡρισμένα μέτρα. — ΑΘΗΝΑΙ, 20. — Ὡς ἀνακοινοῦται ἐκ τῶν ἁρμοδίων ὑπηρεσιῶν, τὸ ζήτημα ἐξετάζεται ὑπὸ τοῦ ἁρμοδίου Ὑπουργείου, ἀναμένονται δὲ αἱ σχετικαὶ ἀποφάσεις ἐντὸς τῶν προσεχῶν ἡμερῶν. Κατὰ τὰς πληροφορίας μας, ἡ Κυβέρνησις θὰ προβῇ εἰς τὰς ἀναγκαίας ἐνεργείας. Αἱ συσκέψεις συνεχίζονται καὶ σήμερον εἰς τὸ Ὑπουργεῖον.
— ΑΘΗΝΑΙ, 20. — Ὡς ἀνακοινοῦται ἐκ τῶν ἁρμοδίων ὑπηρεσιῶν, τὸ ζήτημα ἐξετάζεται ὑπὸ τοῦ ἁρμοδίου Ὑπουργείου, ἀναμένονται δὲ αἱ σχετικαὶ ἀποφάσεις ἐντὸς τῶν προσεχῶν ἡμερῶν. Κατὰ τὰς πληροφορίας μας, ἡ Κυβέρνησις θὰ προβῇ εἰς τὰς ἀναγκαίας ἐνεργείας. Αἱ συσκέψεις συνεχίζονται καὶ σήμερον εἰς τὸ Ὑπουργεῖον, ὅπου παρέστησαν οἱ ἐκπρόσωποι τῶν ἐνδιαφερομένων ὀργανώσεων. Ἐπὶ τοῦ θέματος ἐλήφθησαν ἤδη ὡρισμένα μέτρα. — ΑΘΗΝΑΙ, 20. — Ὡς ἀνακοινοῦται ἐκ τῶν ἁρμοδίων ὑπηρεσιῶν, τὸ ζήτημα ἐξετάζεται ὑπὸ τοῦ ἁρμοδίου Ὑπουργείου, ἀναμένονται δὲ αἱ σχετικαὶ ἀποφάσεις ἐντὸς τῶν προσεχῶν ἡμερῶν. Κατὰ τὰς πληροφορίας μας, ἡ Κυβέρνησις θὰ προβῇ εἰς τὰς ἀναγκαίας ἐνεργείας. Αἱ συσκέψεις συνεχίζονται καὶ σήμερον εἰς τὸ Ὑπουργεῖον.

Ὅταν ἡ ἱστορία διδάσκει...

ΣΥΓΧΡΟΝΟΣ «ΛΑΙΔΗ ΚΟΝΤΙΒΑ» ΣΚΑΝΔΑΛΙΖΕΙ ΕΙΣ ΑΓΓΛΙΑΝ ΤΟΥΣ ΟΔΗΓΟΥΣ ΤΩΝ ΔΙΚΥΚΛΩΝ

ΕΙΝΑΙ ΓΥΜΝΗ ΚΑΙ ΤΟΥΣ ΥΠΕΝΘΥΜΙΖΕΙ ΝΑ ΦΟΡΟΥΝ ΤΟ ΚΡΑΝΟΣ ΑΣΦΑΛΕΙΑΣ

Ο ΙΕΡΕΥΣ, ΟΜΩΣ, ΕΘΥΜΩΣΕ.- ΚΑΙ «ΤΑ ΕΒΑΛΕ» ΜΕ ΤΟΝ ΔΙΟΙΚΗΤΗΝ ΤΗΣ ΤΡΟΧΑΙΑΣ ΚΙΝΗΣΕΩΣ. -ΑΛΛΑ ΧΩΡΙΣ ΑΠΟΤΕΛΕΣΜΑ.-

— ΑΘΗΝΑΙ, 20. — Ὡς ἀνακοινοῦται ἐκ τῶν ἁρμοδίων ὑπηρεσιῶν, τὸ ζήτημα ἐξετάζεται ὑπὸ τοῦ ἁρμοδίου Ὑπουργείου, ἀναμένονται δὲ αἱ σχετικαὶ ἀποφάσεις ἐντὸς τῶν προσεχῶν ἡμερῶν. Κατὰ τὰς πληροφορίας μας, ἡ Κυβέρνησις θὰ προβῇ εἰς τὰς ἀναγκαίας ἐνεργείας. Αἱ συσκέψεις συνεχίζονται καὶ σήμερον εἰς τὸ Ὑπουργεῖον, ὅπου παρέστησαν οἱ ἐκπρόσωποι τῶν ἐνδιαφερομένων ὀργανώσεων. Ἐπὶ τοῦ θέματος ἐλήφθησαν ἤδη ὡρισμένα μέτρα. — ΑΘΗΝΑΙ, 20. — Ὡς ἀνακοινοῦται ἐκ τῶν ἁρμοδίων ὑπηρεσιῶν, τὸ ζήτημα ἐξετάζεται ὑπὸ τοῦ ἁρμοδίου Ὑπουργείου, ἀναμένονται δὲ αἱ σχετικαὶ ἀποφάσεις ἐντὸς τῶν προσεχῶν ἡμερῶν. Κατὰ τὰς πληροφορίας μας, ἡ Κυβέρνησις θὰ προβῇ εἰς τὰς ἀναγκαίας ἐνεργείας. Αἱ συσκέψεις συνεχίζονται καὶ σήμερον εἰς τὸ Ὑπουργεῖον.
— ΑΘΗΝΑΙ, 20. — Ὡς ἀνακοινοῦται ἐκ τῶν ἁρμοδίων ὑπηρεσιῶν, τὸ ζήτημα ἐξετάζεται ὑπὸ τοῦ ἁρμοδίου Ὑπουργείου, ἀναμένονται δὲ αἱ σχετικαὶ ἀποφάσεις ἐντὸς τῶν προσεχῶν ἡμερῶν. Κατὰ τὰς πληροφορίας μας, ἡ Κυβέρνησις θὰ προβῇ εἰς τὰς ἀναγκαίας ἐνεργείας. Αἱ συσκέψεις συνεχίζονται καὶ σήμερον εἰς τὸ Ὑπουργεῖον, ὅπου παρέστησαν οἱ ἐκπρόσωποι τῶν ἐνδιαφερομένων ὀργανώσεων. Ἐπὶ τοῦ θέματος ἐλήφθησαν ἤδη ὡρισμένα μέτρα. — ΑΘΗΝΑΙ, 20. — Ὡς ἀνακοινοῦται ἐκ τῶν ἁρμοδίων ὑπηρεσιῶν, τὸ ζήτημα ἐξετάζεται ὑπὸ τοῦ ἁρμοδίου Ὑπουργείου, ἀναμένονται δὲ αἱ σχετικαὶ ἀποφάσεις ἐντὸς τῶν προσεχῶν ἡμερῶν. Κατὰ τὰς πληροφορίας μας, ἡ Κυβέρνησις θὰ προβῇ εἰς τὰς ἀναγκαίας ἐνεργείας. Αἱ συσκέψεις συνεχίζονται καὶ σήμερον εἰς τὸ Ὑπουργεῖον.
